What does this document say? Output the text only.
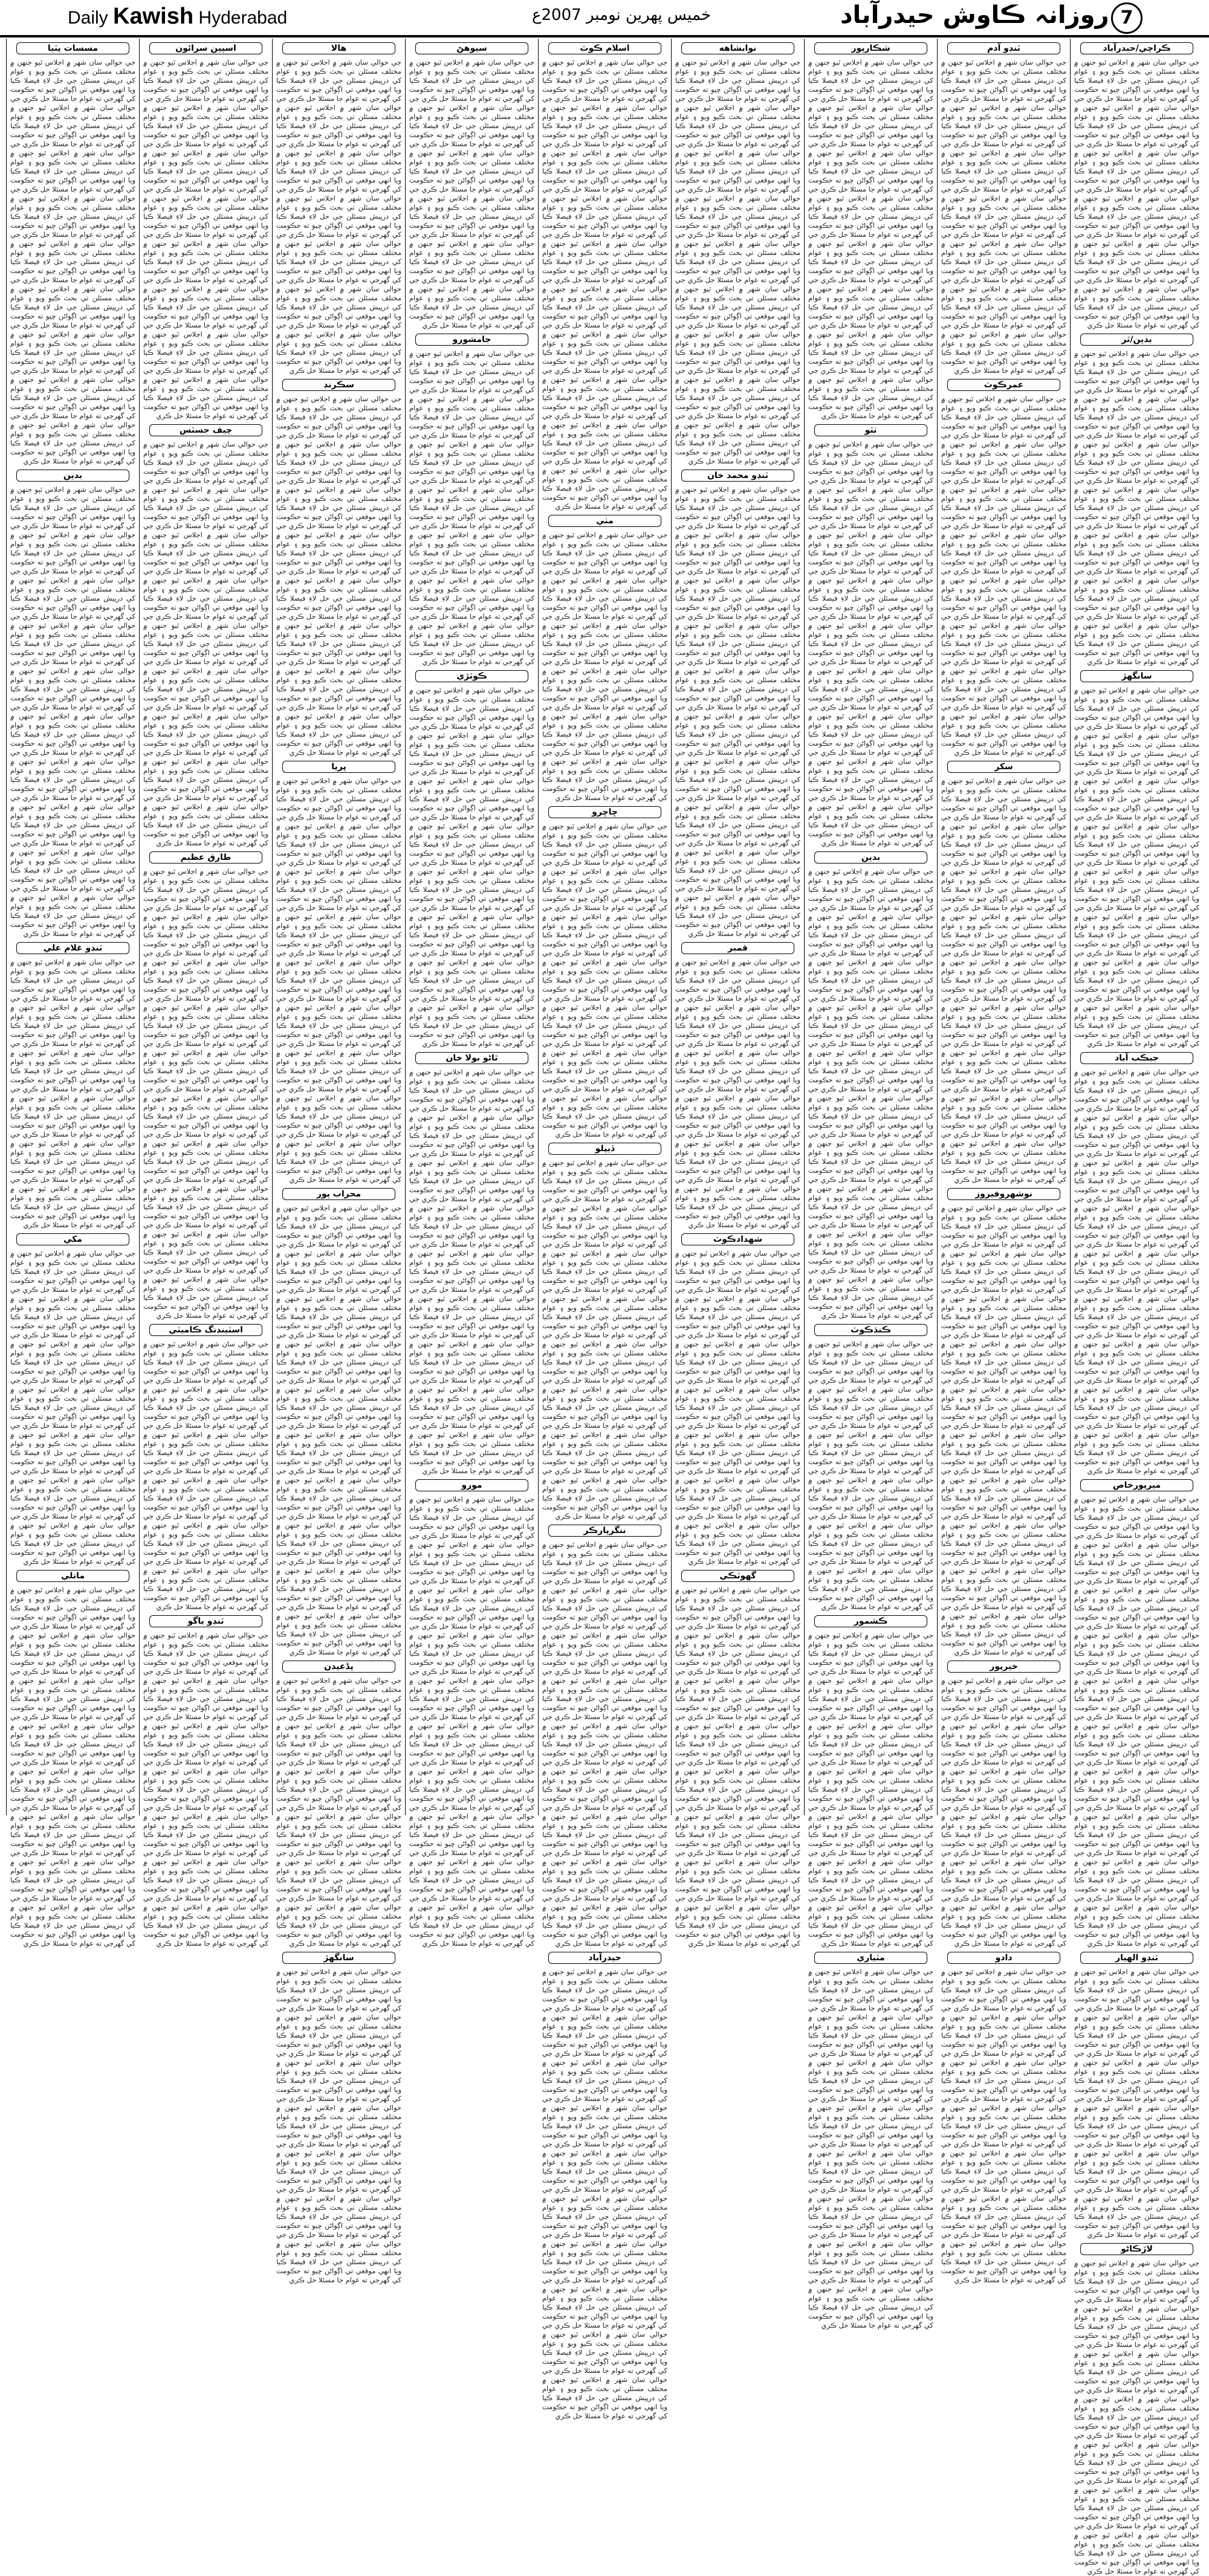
Daily Kawish Hyderabad	خميس پهرين نومبر 2007ع	روزانہ ڪاوش حيدرآباد 7
ڪراچي/حيدرآباد
جي حوالي سان شهر ۾ اجلاس ٿيو جنهن ۾ مختلف مسئلن تي بحث ڪيو ويو ۽ عوام کي درپيش مسئلن جي حل لاءِ فيصلا ڪيا ويا انهي موقعي تي اڳواڻن چيو ته حڪومت کي گهرجي ته عوام جا مسئلا حل ڪري جي حوالي سان شهر ۾ اجلاس ٿيو جنهن ۾ مختلف مسئلن تي بحث ڪيو ويو ۽ عوام کي درپيش مسئلن جي حل لاءِ فيصلا ڪيا ويا انهي موقعي تي اڳواڻن چيو ته حڪومت کي گهرجي ته عوام جا مسئلا حل ڪري جي حوالي سان شهر ۾ اجلاس ٿيو جنهن ۾ مختلف مسئلن تي بحث ڪيو ويو ۽ عوام کي درپيش مسئلن جي حل لاءِ فيصلا ڪيا ويا انهي موقعي تي اڳواڻن چيو ته حڪومت کي گهرجي ته عوام جا مسئلا حل ڪري جي حوالي سان شهر ۾ اجلاس ٿيو جنهن ۾ مختلف مسئلن تي بحث ڪيو ويو ۽ عوام کي درپيش مسئلن جي حل لاءِ فيصلا ڪيا ويا انهي موقعي تي اڳواڻن چيو ته حڪومت کي گهرجي ته عوام جا مسئلا حل ڪري جي حوالي سان شهر ۾ اجلاس ٿيو جنهن ۾ مختلف مسئلن تي بحث ڪيو ويو ۽ عوام کي درپيش مسئلن جي حل لاءِ فيصلا ڪيا ويا انهي موقعي تي اڳواڻن چيو ته حڪومت کي گهرجي ته عوام جا مسئلا حل ڪري جي حوالي سان شهر ۾ اجلاس ٿيو جنهن ۾ مختلف مسئلن تي بحث ڪيو ويو ۽ عوام کي درپيش مسئلن جي حل لاءِ فيصلا ڪيا ويا انهي موقعي تي اڳواڻن چيو ته حڪومت کي گهرجي ته عوام جا مسئلا حل ڪري
بدين/ٿر
جي حوالي سان شهر ۾ اجلاس ٿيو جنهن ۾ مختلف مسئلن تي بحث ڪيو ويو ۽ عوام کي درپيش مسئلن جي حل لاءِ فيصلا ڪيا ويا انهي موقعي تي اڳواڻن چيو ته حڪومت کي گهرجي ته عوام جا مسئلا حل ڪري جي حوالي سان شهر ۾ اجلاس ٿيو جنهن ۾ مختلف مسئلن تي بحث ڪيو ويو ۽ عوام کي درپيش مسئلن جي حل لاءِ فيصلا ڪيا ويا انهي موقعي تي اڳواڻن چيو ته حڪومت کي گهرجي ته عوام جا مسئلا حل ڪري جي حوالي سان شهر ۾ اجلاس ٿيو جنهن ۾ مختلف مسئلن تي بحث ڪيو ويو ۽ عوام کي درپيش مسئلن جي حل لاءِ فيصلا ڪيا ويا انهي موقعي تي اڳواڻن چيو ته حڪومت کي گهرجي ته عوام جا مسئلا حل ڪري جي حوالي سان شهر ۾ اجلاس ٿيو جنهن ۾ مختلف مسئلن تي بحث ڪيو ويو ۽ عوام کي درپيش مسئلن جي حل لاءِ فيصلا ڪيا ويا انهي موقعي تي اڳواڻن چيو ته حڪومت کي گهرجي ته عوام جا مسئلا حل ڪري جي حوالي سان شهر ۾ اجلاس ٿيو جنهن ۾ مختلف مسئلن تي بحث ڪيو ويو ۽ عوام کي درپيش مسئلن جي حل لاءِ فيصلا ڪيا ويا انهي موقعي تي اڳواڻن چيو ته حڪومت کي گهرجي ته عوام جا مسئلا حل ڪري جي حوالي سان شهر ۾ اجلاس ٿيو جنهن ۾ مختلف مسئلن تي بحث ڪيو ويو ۽ عوام کي درپيش مسئلن جي حل لاءِ فيصلا ڪيا ويا انهي موقعي تي اڳواڻن چيو ته حڪومت کي گهرجي ته عوام جا مسئلا حل ڪري جي حوالي سان شهر ۾ اجلاس ٿيو جنهن ۾ مختلف مسئلن تي بحث ڪيو ويو ۽ عوام کي درپيش مسئلن جي حل لاءِ فيصلا ڪيا ويا انهي موقعي تي اڳواڻن چيو ته حڪومت کي گهرجي ته عوام جا مسئلا حل ڪري
سانگهڙ
جي حوالي سان شهر ۾ اجلاس ٿيو جنهن ۾ مختلف مسئلن تي بحث ڪيو ويو ۽ عوام کي درپيش مسئلن جي حل لاءِ فيصلا ڪيا ويا انهي موقعي تي اڳواڻن چيو ته حڪومت کي گهرجي ته عوام جا مسئلا حل ڪري جي حوالي سان شهر ۾ اجلاس ٿيو جنهن ۾ مختلف مسئلن تي بحث ڪيو ويو ۽ عوام کي درپيش مسئلن جي حل لاءِ فيصلا ڪيا ويا انهي موقعي تي اڳواڻن چيو ته حڪومت کي گهرجي ته عوام جا مسئلا حل ڪري جي حوالي سان شهر ۾ اجلاس ٿيو جنهن ۾ مختلف مسئلن تي بحث ڪيو ويو ۽ عوام کي درپيش مسئلن جي حل لاءِ فيصلا ڪيا ويا انهي موقعي تي اڳواڻن چيو ته حڪومت کي گهرجي ته عوام جا مسئلا حل ڪري جي حوالي سان شهر ۾ اجلاس ٿيو جنهن ۾ مختلف مسئلن تي بحث ڪيو ويو ۽ عوام کي درپيش مسئلن جي حل لاءِ فيصلا ڪيا ويا انهي موقعي تي اڳواڻن چيو ته حڪومت کي گهرجي ته عوام جا مسئلا حل ڪري جي حوالي سان شهر ۾ اجلاس ٿيو جنهن ۾ مختلف مسئلن تي بحث ڪيو ويو ۽ عوام کي درپيش مسئلن جي حل لاءِ فيصلا ڪيا ويا انهي موقعي تي اڳواڻن چيو ته حڪومت کي گهرجي ته عوام جا مسئلا حل ڪري جي حوالي سان شهر ۾ اجلاس ٿيو جنهن ۾ مختلف مسئلن تي بحث ڪيو ويو ۽ عوام کي درپيش مسئلن جي حل لاءِ فيصلا ڪيا ويا انهي موقعي تي اڳواڻن چيو ته حڪومت کي گهرجي ته عوام جا مسئلا حل ڪري جي حوالي سان شهر ۾ اجلاس ٿيو جنهن ۾ مختلف مسئلن تي بحث ڪيو ويو ۽ عوام کي درپيش مسئلن جي حل لاءِ فيصلا ڪيا ويا انهي موقعي تي اڳواڻن چيو ته حڪومت کي گهرجي ته عوام جا مسئلا حل ڪري جي حوالي سان شهر ۾ اجلاس ٿيو جنهن ۾ مختلف مسئلن تي بحث ڪيو ويو ۽ عوام کي درپيش مسئلن جي حل لاءِ فيصلا ڪيا ويا انهي موقعي تي اڳواڻن چيو ته حڪومت کي گهرجي ته عوام جا مسئلا حل ڪري
جيڪب آباد
جي حوالي سان شهر ۾ اجلاس ٿيو جنهن ۾ مختلف مسئلن تي بحث ڪيو ويو ۽ عوام کي درپيش مسئلن جي حل لاءِ فيصلا ڪيا ويا انهي موقعي تي اڳواڻن چيو ته حڪومت کي گهرجي ته عوام جا مسئلا حل ڪري جي حوالي سان شهر ۾ اجلاس ٿيو جنهن ۾ مختلف مسئلن تي بحث ڪيو ويو ۽ عوام کي درپيش مسئلن جي حل لاءِ فيصلا ڪيا ويا انهي موقعي تي اڳواڻن چيو ته حڪومت کي گهرجي ته عوام جا مسئلا حل ڪري جي حوالي سان شهر ۾ اجلاس ٿيو جنهن ۾ مختلف مسئلن تي بحث ڪيو ويو ۽ عوام کي درپيش مسئلن جي حل لاءِ فيصلا ڪيا ويا انهي موقعي تي اڳواڻن چيو ته حڪومت کي گهرجي ته عوام جا مسئلا حل ڪري جي حوالي سان شهر ۾ اجلاس ٿيو جنهن ۾ مختلف مسئلن تي بحث ڪيو ويو ۽ عوام کي درپيش مسئلن جي حل لاءِ فيصلا ڪيا ويا انهي موقعي تي اڳواڻن چيو ته حڪومت کي گهرجي ته عوام جا مسئلا حل ڪري جي حوالي سان شهر ۾ اجلاس ٿيو جنهن ۾ مختلف مسئلن تي بحث ڪيو ويو ۽ عوام کي درپيش مسئلن جي حل لاءِ فيصلا ڪيا ويا انهي موقعي تي اڳواڻن چيو ته حڪومت کي گهرجي ته عوام جا مسئلا حل ڪري جي حوالي سان شهر ۾ اجلاس ٿيو جنهن ۾ مختلف مسئلن تي بحث ڪيو ويو ۽ عوام کي درپيش مسئلن جي حل لاءِ فيصلا ڪيا ويا انهي موقعي تي اڳواڻن چيو ته حڪومت کي گهرجي ته عوام جا مسئلا حل ڪري جي حوالي سان شهر ۾ اجلاس ٿيو جنهن ۾ مختلف مسئلن تي بحث ڪيو ويو ۽ عوام کي درپيش مسئلن جي حل لاءِ فيصلا ڪيا ويا انهي موقعي تي اڳواڻن چيو ته حڪومت کي گهرجي ته عوام جا مسئلا حل ڪري جي حوالي سان شهر ۾ اجلاس ٿيو جنهن ۾ مختلف مسئلن تي بحث ڪيو ويو ۽ عوام کي درپيش مسئلن جي حل لاءِ فيصلا ڪيا ويا انهي موقعي تي اڳواڻن چيو ته حڪومت کي گهرجي ته عوام جا مسئلا حل ڪري جي حوالي سان شهر ۾ اجلاس ٿيو جنهن ۾ مختلف مسئلن تي بحث ڪيو ويو ۽ عوام کي درپيش مسئلن جي حل لاءِ فيصلا ڪيا ويا انهي موقعي تي اڳواڻن چيو ته حڪومت کي گهرجي ته عوام جا مسئلا حل ڪري
ميرپورخاص
جي حوالي سان شهر ۾ اجلاس ٿيو جنهن ۾ مختلف مسئلن تي بحث ڪيو ويو ۽ عوام کي درپيش مسئلن جي حل لاءِ فيصلا ڪيا ويا انهي موقعي تي اڳواڻن چيو ته حڪومت کي گهرجي ته عوام جا مسئلا حل ڪري جي حوالي سان شهر ۾ اجلاس ٿيو جنهن ۾ مختلف مسئلن تي بحث ڪيو ويو ۽ عوام کي درپيش مسئلن جي حل لاءِ فيصلا ڪيا ويا انهي موقعي تي اڳواڻن چيو ته حڪومت کي گهرجي ته عوام جا مسئلا حل ڪري جي حوالي سان شهر ۾ اجلاس ٿيو جنهن ۾ مختلف مسئلن تي بحث ڪيو ويو ۽ عوام کي درپيش مسئلن جي حل لاءِ فيصلا ڪيا ويا انهي موقعي تي اڳواڻن چيو ته حڪومت کي گهرجي ته عوام جا مسئلا حل ڪري جي حوالي سان شهر ۾ اجلاس ٿيو جنهن ۾ مختلف مسئلن تي بحث ڪيو ويو ۽ عوام کي درپيش مسئلن جي حل لاءِ فيصلا ڪيا ويا انهي موقعي تي اڳواڻن چيو ته حڪومت کي گهرجي ته عوام جا مسئلا حل ڪري جي حوالي سان شهر ۾ اجلاس ٿيو جنهن ۾ مختلف مسئلن تي بحث ڪيو ويو ۽ عوام کي درپيش مسئلن جي حل لاءِ فيصلا ڪيا ويا انهي موقعي تي اڳواڻن چيو ته حڪومت کي گهرجي ته عوام جا مسئلا حل ڪري جي حوالي سان شهر ۾ اجلاس ٿيو جنهن ۾ مختلف مسئلن تي بحث ڪيو ويو ۽ عوام کي درپيش مسئلن جي حل لاءِ فيصلا ڪيا ويا انهي موقعي تي اڳواڻن چيو ته حڪومت کي گهرجي ته عوام جا مسئلا حل ڪري جي حوالي سان شهر ۾ اجلاس ٿيو جنهن ۾ مختلف مسئلن تي بحث ڪيو ويو ۽ عوام کي درپيش مسئلن جي حل لاءِ فيصلا ڪيا ويا انهي موقعي تي اڳواڻن چيو ته حڪومت کي گهرجي ته عوام جا مسئلا حل ڪري جي حوالي سان شهر ۾ اجلاس ٿيو جنهن ۾ مختلف مسئلن تي بحث ڪيو ويو ۽ عوام کي درپيش مسئلن جي حل لاءِ فيصلا ڪيا ويا انهي موقعي تي اڳواڻن چيو ته حڪومت کي گهرجي ته عوام جا مسئلا حل ڪري جي حوالي سان شهر ۾ اجلاس ٿيو جنهن ۾ مختلف مسئلن تي بحث ڪيو ويو ۽ عوام کي درپيش مسئلن جي حل لاءِ فيصلا ڪيا ويا انهي موقعي تي اڳواڻن چيو ته حڪومت کي گهرجي ته عوام جا مسئلا حل ڪري جي حوالي سان شهر ۾ اجلاس ٿيو جنهن ۾ مختلف مسئلن تي بحث ڪيو ويو ۽ عوام کي درپيش مسئلن جي حل لاءِ فيصلا ڪيا ويا انهي موقعي تي اڳواڻن چيو ته حڪومت کي گهرجي ته عوام جا مسئلا حل ڪري
ٽنڊو الهيار
جي حوالي سان شهر ۾ اجلاس ٿيو جنهن ۾ مختلف مسئلن تي بحث ڪيو ويو ۽ عوام کي درپيش مسئلن جي حل لاءِ فيصلا ڪيا ويا انهي موقعي تي اڳواڻن چيو ته حڪومت کي گهرجي ته عوام جا مسئلا حل ڪري جي حوالي سان شهر ۾ اجلاس ٿيو جنهن ۾ مختلف مسئلن تي بحث ڪيو ويو ۽ عوام کي درپيش مسئلن جي حل لاءِ فيصلا ڪيا ويا انهي موقعي تي اڳواڻن چيو ته حڪومت کي گهرجي ته عوام جا مسئلا حل ڪري جي حوالي سان شهر ۾ اجلاس ٿيو جنهن ۾ مختلف مسئلن تي بحث ڪيو ويو ۽ عوام کي درپيش مسئلن جي حل لاءِ فيصلا ڪيا ويا انهي موقعي تي اڳواڻن چيو ته حڪومت کي گهرجي ته عوام جا مسئلا حل ڪري جي حوالي سان شهر ۾ اجلاس ٿيو جنهن ۾ مختلف مسئلن تي بحث ڪيو ويو ۽ عوام کي درپيش مسئلن جي حل لاءِ فيصلا ڪيا ويا انهي موقعي تي اڳواڻن چيو ته حڪومت کي گهرجي ته عوام جا مسئلا حل ڪري جي حوالي سان شهر ۾ اجلاس ٿيو جنهن ۾ مختلف مسئلن تي بحث ڪيو ويو ۽ عوام کي درپيش مسئلن جي حل لاءِ فيصلا ڪيا ويا انهي موقعي تي اڳواڻن چيو ته حڪومت کي گهرجي ته عوام جا مسئلا حل ڪري جي حوالي سان شهر ۾ اجلاس ٿيو جنهن ۾ مختلف مسئلن تي بحث ڪيو ويو ۽ عوام کي درپيش مسئلن جي حل لاءِ فيصلا ڪيا ويا انهي موقعي تي اڳواڻن چيو ته حڪومت کي گهرجي ته عوام جا مسئلا حل ڪري
لاڙڪاڻو
جي حوالي سان شهر ۾ اجلاس ٿيو جنهن ۾ مختلف مسئلن تي بحث ڪيو ويو ۽ عوام کي درپيش مسئلن جي حل لاءِ فيصلا ڪيا ويا انهي موقعي تي اڳواڻن چيو ته حڪومت کي گهرجي ته عوام جا مسئلا حل ڪري جي حوالي سان شهر ۾ اجلاس ٿيو جنهن ۾ مختلف مسئلن تي بحث ڪيو ويو ۽ عوام کي درپيش مسئلن جي حل لاءِ فيصلا ڪيا ويا انهي موقعي تي اڳواڻن چيو ته حڪومت کي گهرجي ته عوام جا مسئلا حل ڪري جي حوالي سان شهر ۾ اجلاس ٿيو جنهن ۾ مختلف مسئلن تي بحث ڪيو ويو ۽ عوام کي درپيش مسئلن جي حل لاءِ فيصلا ڪيا ويا انهي موقعي تي اڳواڻن چيو ته حڪومت کي گهرجي ته عوام جا مسئلا حل ڪري جي حوالي سان شهر ۾ اجلاس ٿيو جنهن ۾ مختلف مسئلن تي بحث ڪيو ويو ۽ عوام کي درپيش مسئلن جي حل لاءِ فيصلا ڪيا ويا انهي موقعي تي اڳواڻن چيو ته حڪومت کي گهرجي ته عوام جا مسئلا حل ڪري جي حوالي سان شهر ۾ اجلاس ٿيو جنهن ۾ مختلف مسئلن تي بحث ڪيو ويو ۽ عوام کي درپيش مسئلن جي حل لاءِ فيصلا ڪيا ويا انهي موقعي تي اڳواڻن چيو ته حڪومت کي گهرجي ته عوام جا مسئلا حل ڪري جي حوالي سان شهر ۾ اجلاس ٿيو جنهن ۾ مختلف مسئلن تي بحث ڪيو ويو ۽ عوام کي درپيش مسئلن جي حل لاءِ فيصلا ڪيا ويا انهي موقعي تي اڳواڻن چيو ته حڪومت کي گهرجي ته عوام جا مسئلا حل ڪري جي حوالي سان شهر ۾ اجلاس ٿيو جنهن ۾ مختلف مسئلن تي بحث ڪيو ويو ۽ عوام کي درپيش مسئلن جي حل لاءِ فيصلا ڪيا ويا انهي موقعي تي اڳواڻن چيو ته حڪومت کي گهرجي ته عوام جا مسئلا حل ڪري
ٽنڊو آدم
جي حوالي سان شهر ۾ اجلاس ٿيو جنهن ۾ مختلف مسئلن تي بحث ڪيو ويو ۽ عوام کي درپيش مسئلن جي حل لاءِ فيصلا ڪيا ويا انهي موقعي تي اڳواڻن چيو ته حڪومت کي گهرجي ته عوام جا مسئلا حل ڪري جي حوالي سان شهر ۾ اجلاس ٿيو جنهن ۾ مختلف مسئلن تي بحث ڪيو ويو ۽ عوام کي درپيش مسئلن جي حل لاءِ فيصلا ڪيا ويا انهي موقعي تي اڳواڻن چيو ته حڪومت کي گهرجي ته عوام جا مسئلا حل ڪري جي حوالي سان شهر ۾ اجلاس ٿيو جنهن ۾ مختلف مسئلن تي بحث ڪيو ويو ۽ عوام کي درپيش مسئلن جي حل لاءِ فيصلا ڪيا ويا انهي موقعي تي اڳواڻن چيو ته حڪومت کي گهرجي ته عوام جا مسئلا حل ڪري جي حوالي سان شهر ۾ اجلاس ٿيو جنهن ۾ مختلف مسئلن تي بحث ڪيو ويو ۽ عوام کي درپيش مسئلن جي حل لاءِ فيصلا ڪيا ويا انهي موقعي تي اڳواڻن چيو ته حڪومت کي گهرجي ته عوام جا مسئلا حل ڪري جي حوالي سان شهر ۾ اجلاس ٿيو جنهن ۾ مختلف مسئلن تي بحث ڪيو ويو ۽ عوام کي درپيش مسئلن جي حل لاءِ فيصلا ڪيا ويا انهي موقعي تي اڳواڻن چيو ته حڪومت کي گهرجي ته عوام جا مسئلا حل ڪري جي حوالي سان شهر ۾ اجلاس ٿيو جنهن ۾ مختلف مسئلن تي بحث ڪيو ويو ۽ عوام کي درپيش مسئلن جي حل لاءِ فيصلا ڪيا ويا انهي موقعي تي اڳواڻن چيو ته حڪومت کي گهرجي ته عوام جا مسئلا حل ڪري جي حوالي سان شهر ۾ اجلاس ٿيو جنهن ۾ مختلف مسئلن تي بحث ڪيو ويو ۽ عوام کي درپيش مسئلن جي حل لاءِ فيصلا ڪيا ويا انهي موقعي تي اڳواڻن چيو ته حڪومت کي گهرجي ته عوام جا مسئلا حل ڪري
عمرڪوٽ
جي حوالي سان شهر ۾ اجلاس ٿيو جنهن ۾ مختلف مسئلن تي بحث ڪيو ويو ۽ عوام کي درپيش مسئلن جي حل لاءِ فيصلا ڪيا ويا انهي موقعي تي اڳواڻن چيو ته حڪومت کي گهرجي ته عوام جا مسئلا حل ڪري جي حوالي سان شهر ۾ اجلاس ٿيو جنهن ۾ مختلف مسئلن تي بحث ڪيو ويو ۽ عوام کي درپيش مسئلن جي حل لاءِ فيصلا ڪيا ويا انهي موقعي تي اڳواڻن چيو ته حڪومت کي گهرجي ته عوام جا مسئلا حل ڪري جي حوالي سان شهر ۾ اجلاس ٿيو جنهن ۾ مختلف مسئلن تي بحث ڪيو ويو ۽ عوام کي درپيش مسئلن جي حل لاءِ فيصلا ڪيا ويا انهي موقعي تي اڳواڻن چيو ته حڪومت کي گهرجي ته عوام جا مسئلا حل ڪري جي حوالي سان شهر ۾ اجلاس ٿيو جنهن ۾ مختلف مسئلن تي بحث ڪيو ويو ۽ عوام کي درپيش مسئلن جي حل لاءِ فيصلا ڪيا ويا انهي موقعي تي اڳواڻن چيو ته حڪومت کي گهرجي ته عوام جا مسئلا حل ڪري جي حوالي سان شهر ۾ اجلاس ٿيو جنهن ۾ مختلف مسئلن تي بحث ڪيو ويو ۽ عوام کي درپيش مسئلن جي حل لاءِ فيصلا ڪيا ويا انهي موقعي تي اڳواڻن چيو ته حڪومت کي گهرجي ته عوام جا مسئلا حل ڪري جي حوالي سان شهر ۾ اجلاس ٿيو جنهن ۾ مختلف مسئلن تي بحث ڪيو ويو ۽ عوام کي درپيش مسئلن جي حل لاءِ فيصلا ڪيا ويا انهي موقعي تي اڳواڻن چيو ته حڪومت کي گهرجي ته عوام جا مسئلا حل ڪري جي حوالي سان شهر ۾ اجلاس ٿيو جنهن ۾ مختلف مسئلن تي بحث ڪيو ويو ۽ عوام کي درپيش مسئلن جي حل لاءِ فيصلا ڪيا ويا انهي موقعي تي اڳواڻن چيو ته حڪومت کي گهرجي ته عوام جا مسئلا حل ڪري جي حوالي سان شهر ۾ اجلاس ٿيو جنهن ۾ مختلف مسئلن تي بحث ڪيو ويو ۽ عوام کي درپيش مسئلن جي حل لاءِ فيصلا ڪيا ويا انهي موقعي تي اڳواڻن چيو ته حڪومت کي گهرجي ته عوام جا مسئلا حل ڪري
سکر
جي حوالي سان شهر ۾ اجلاس ٿيو جنهن ۾ مختلف مسئلن تي بحث ڪيو ويو ۽ عوام کي درپيش مسئلن جي حل لاءِ فيصلا ڪيا ويا انهي موقعي تي اڳواڻن چيو ته حڪومت کي گهرجي ته عوام جا مسئلا حل ڪري جي حوالي سان شهر ۾ اجلاس ٿيو جنهن ۾ مختلف مسئلن تي بحث ڪيو ويو ۽ عوام کي درپيش مسئلن جي حل لاءِ فيصلا ڪيا ويا انهي موقعي تي اڳواڻن چيو ته حڪومت کي گهرجي ته عوام جا مسئلا حل ڪري جي حوالي سان شهر ۾ اجلاس ٿيو جنهن ۾ مختلف مسئلن تي بحث ڪيو ويو ۽ عوام کي درپيش مسئلن جي حل لاءِ فيصلا ڪيا ويا انهي موقعي تي اڳواڻن چيو ته حڪومت کي گهرجي ته عوام جا مسئلا حل ڪري جي حوالي سان شهر ۾ اجلاس ٿيو جنهن ۾ مختلف مسئلن تي بحث ڪيو ويو ۽ عوام کي درپيش مسئلن جي حل لاءِ فيصلا ڪيا ويا انهي موقعي تي اڳواڻن چيو ته حڪومت کي گهرجي ته عوام جا مسئلا حل ڪري جي حوالي سان شهر ۾ اجلاس ٿيو جنهن ۾ مختلف مسئلن تي بحث ڪيو ويو ۽ عوام کي درپيش مسئلن جي حل لاءِ فيصلا ڪيا ويا انهي موقعي تي اڳواڻن چيو ته حڪومت کي گهرجي ته عوام جا مسئلا حل ڪري جي حوالي سان شهر ۾ اجلاس ٿيو جنهن ۾ مختلف مسئلن تي بحث ڪيو ويو ۽ عوام کي درپيش مسئلن جي حل لاءِ فيصلا ڪيا ويا انهي موقعي تي اڳواڻن چيو ته حڪومت کي گهرجي ته عوام جا مسئلا حل ڪري جي حوالي سان شهر ۾ اجلاس ٿيو جنهن ۾ مختلف مسئلن تي بحث ڪيو ويو ۽ عوام کي درپيش مسئلن جي حل لاءِ فيصلا ڪيا ويا انهي موقعي تي اڳواڻن چيو ته حڪومت کي گهرجي ته عوام جا مسئلا حل ڪري جي حوالي سان شهر ۾ اجلاس ٿيو جنهن ۾ مختلف مسئلن تي بحث ڪيو ويو ۽ عوام کي درپيش مسئلن جي حل لاءِ فيصلا ڪيا ويا انهي موقعي تي اڳواڻن چيو ته حڪومت کي گهرجي ته عوام جا مسئلا حل ڪري جي حوالي سان شهر ۾ اجلاس ٿيو جنهن ۾ مختلف مسئلن تي بحث ڪيو ويو ۽ عوام کي درپيش مسئلن جي حل لاءِ فيصلا ڪيا ويا انهي موقعي تي اڳواڻن چيو ته حڪومت کي گهرجي ته عوام جا مسئلا حل ڪري
نوشهروفيروز
جي حوالي سان شهر ۾ اجلاس ٿيو جنهن ۾ مختلف مسئلن تي بحث ڪيو ويو ۽ عوام کي درپيش مسئلن جي حل لاءِ فيصلا ڪيا ويا انهي موقعي تي اڳواڻن چيو ته حڪومت کي گهرجي ته عوام جا مسئلا حل ڪري جي حوالي سان شهر ۾ اجلاس ٿيو جنهن ۾ مختلف مسئلن تي بحث ڪيو ويو ۽ عوام کي درپيش مسئلن جي حل لاءِ فيصلا ڪيا ويا انهي موقعي تي اڳواڻن چيو ته حڪومت کي گهرجي ته عوام جا مسئلا حل ڪري جي حوالي سان شهر ۾ اجلاس ٿيو جنهن ۾ مختلف مسئلن تي بحث ڪيو ويو ۽ عوام کي درپيش مسئلن جي حل لاءِ فيصلا ڪيا ويا انهي موقعي تي اڳواڻن چيو ته حڪومت کي گهرجي ته عوام جا مسئلا حل ڪري جي حوالي سان شهر ۾ اجلاس ٿيو جنهن ۾ مختلف مسئلن تي بحث ڪيو ويو ۽ عوام کي درپيش مسئلن جي حل لاءِ فيصلا ڪيا ويا انهي موقعي تي اڳواڻن چيو ته حڪومت کي گهرجي ته عوام جا مسئلا حل ڪري جي حوالي سان شهر ۾ اجلاس ٿيو جنهن ۾ مختلف مسئلن تي بحث ڪيو ويو ۽ عوام کي درپيش مسئلن جي حل لاءِ فيصلا ڪيا ويا انهي موقعي تي اڳواڻن چيو ته حڪومت کي گهرجي ته عوام جا مسئلا حل ڪري جي حوالي سان شهر ۾ اجلاس ٿيو جنهن ۾ مختلف مسئلن تي بحث ڪيو ويو ۽ عوام کي درپيش مسئلن جي حل لاءِ فيصلا ڪيا ويا انهي موقعي تي اڳواڻن چيو ته حڪومت کي گهرجي ته عوام جا مسئلا حل ڪري جي حوالي سان شهر ۾ اجلاس ٿيو جنهن ۾ مختلف مسئلن تي بحث ڪيو ويو ۽ عوام کي درپيش مسئلن جي حل لاءِ فيصلا ڪيا ويا انهي موقعي تي اڳواڻن چيو ته حڪومت کي گهرجي ته عوام جا مسئلا حل ڪري جي حوالي سان شهر ۾ اجلاس ٿيو جنهن ۾ مختلف مسئلن تي بحث ڪيو ويو ۽ عوام کي درپيش مسئلن جي حل لاءِ فيصلا ڪيا ويا انهي موقعي تي اڳواڻن چيو ته حڪومت کي گهرجي ته عوام جا مسئلا حل ڪري جي حوالي سان شهر ۾ اجلاس ٿيو جنهن ۾ مختلف مسئلن تي بحث ڪيو ويو ۽ عوام کي درپيش مسئلن جي حل لاءِ فيصلا ڪيا ويا انهي موقعي تي اڳواڻن چيو ته حڪومت کي گهرجي ته عوام جا مسئلا حل ڪري جي حوالي سان شهر ۾ اجلاس ٿيو جنهن ۾ مختلف مسئلن تي بحث ڪيو ويو ۽ عوام کي درپيش مسئلن جي حل لاءِ فيصلا ڪيا ويا انهي موقعي تي اڳواڻن چيو ته حڪومت کي گهرجي ته عوام جا مسئلا حل ڪري
خيرپور
جي حوالي سان شهر ۾ اجلاس ٿيو جنهن ۾ مختلف مسئلن تي بحث ڪيو ويو ۽ عوام کي درپيش مسئلن جي حل لاءِ فيصلا ڪيا ويا انهي موقعي تي اڳواڻن چيو ته حڪومت کي گهرجي ته عوام جا مسئلا حل ڪري جي حوالي سان شهر ۾ اجلاس ٿيو جنهن ۾ مختلف مسئلن تي بحث ڪيو ويو ۽ عوام کي درپيش مسئلن جي حل لاءِ فيصلا ڪيا ويا انهي موقعي تي اڳواڻن چيو ته حڪومت کي گهرجي ته عوام جا مسئلا حل ڪري جي حوالي سان شهر ۾ اجلاس ٿيو جنهن ۾ مختلف مسئلن تي بحث ڪيو ويو ۽ عوام کي درپيش مسئلن جي حل لاءِ فيصلا ڪيا ويا انهي موقعي تي اڳواڻن چيو ته حڪومت کي گهرجي ته عوام جا مسئلا حل ڪري جي حوالي سان شهر ۾ اجلاس ٿيو جنهن ۾ مختلف مسئلن تي بحث ڪيو ويو ۽ عوام کي درپيش مسئلن جي حل لاءِ فيصلا ڪيا ويا انهي موقعي تي اڳواڻن چيو ته حڪومت کي گهرجي ته عوام جا مسئلا حل ڪري جي حوالي سان شهر ۾ اجلاس ٿيو جنهن ۾ مختلف مسئلن تي بحث ڪيو ويو ۽ عوام کي درپيش مسئلن جي حل لاءِ فيصلا ڪيا ويا انهي موقعي تي اڳواڻن چيو ته حڪومت کي گهرجي ته عوام جا مسئلا حل ڪري جي حوالي سان شهر ۾ اجلاس ٿيو جنهن ۾ مختلف مسئلن تي بحث ڪيو ويو ۽ عوام کي درپيش مسئلن جي حل لاءِ فيصلا ڪيا ويا انهي موقعي تي اڳواڻن چيو ته حڪومت کي گهرجي ته عوام جا مسئلا حل ڪري
دادو
جي حوالي سان شهر ۾ اجلاس ٿيو جنهن ۾ مختلف مسئلن تي بحث ڪيو ويو ۽ عوام کي درپيش مسئلن جي حل لاءِ فيصلا ڪيا ويا انهي موقعي تي اڳواڻن چيو ته حڪومت کي گهرجي ته عوام جا مسئلا حل ڪري جي حوالي سان شهر ۾ اجلاس ٿيو جنهن ۾ مختلف مسئلن تي بحث ڪيو ويو ۽ عوام کي درپيش مسئلن جي حل لاءِ فيصلا ڪيا ويا انهي موقعي تي اڳواڻن چيو ته حڪومت کي گهرجي ته عوام جا مسئلا حل ڪري جي حوالي سان شهر ۾ اجلاس ٿيو جنهن ۾ مختلف مسئلن تي بحث ڪيو ويو ۽ عوام کي درپيش مسئلن جي حل لاءِ فيصلا ڪيا ويا انهي موقعي تي اڳواڻن چيو ته حڪومت کي گهرجي ته عوام جا مسئلا حل ڪري جي حوالي سان شهر ۾ اجلاس ٿيو جنهن ۾ مختلف مسئلن تي بحث ڪيو ويو ۽ عوام کي درپيش مسئلن جي حل لاءِ فيصلا ڪيا ويا انهي موقعي تي اڳواڻن چيو ته حڪومت کي گهرجي ته عوام جا مسئلا حل ڪري جي حوالي سان شهر ۾ اجلاس ٿيو جنهن ۾ مختلف مسئلن تي بحث ڪيو ويو ۽ عوام کي درپيش مسئلن جي حل لاءِ فيصلا ڪيا ويا انهي موقعي تي اڳواڻن چيو ته حڪومت کي گهرجي ته عوام جا مسئلا حل ڪري جي حوالي سان شهر ۾ اجلاس ٿيو جنهن ۾ مختلف مسئلن تي بحث ڪيو ويو ۽ عوام کي درپيش مسئلن جي حل لاءِ فيصلا ڪيا ويا انهي موقعي تي اڳواڻن چيو ته حڪومت کي گهرجي ته عوام جا مسئلا حل ڪري جي حوالي سان شهر ۾ اجلاس ٿيو جنهن ۾ مختلف مسئلن تي بحث ڪيو ويو ۽ عوام کي درپيش مسئلن جي حل لاءِ فيصلا ڪيا ويا انهي موقعي تي اڳواڻن چيو ته حڪومت کي گهرجي ته عوام جا مسئلا حل ڪري
شڪارپور
جي حوالي سان شهر ۾ اجلاس ٿيو جنهن ۾ مختلف مسئلن تي بحث ڪيو ويو ۽ عوام کي درپيش مسئلن جي حل لاءِ فيصلا ڪيا ويا انهي موقعي تي اڳواڻن چيو ته حڪومت کي گهرجي ته عوام جا مسئلا حل ڪري جي حوالي سان شهر ۾ اجلاس ٿيو جنهن ۾ مختلف مسئلن تي بحث ڪيو ويو ۽ عوام کي درپيش مسئلن جي حل لاءِ فيصلا ڪيا ويا انهي موقعي تي اڳواڻن چيو ته حڪومت کي گهرجي ته عوام جا مسئلا حل ڪري جي حوالي سان شهر ۾ اجلاس ٿيو جنهن ۾ مختلف مسئلن تي بحث ڪيو ويو ۽ عوام کي درپيش مسئلن جي حل لاءِ فيصلا ڪيا ويا انهي موقعي تي اڳواڻن چيو ته حڪومت کي گهرجي ته عوام جا مسئلا حل ڪري جي حوالي سان شهر ۾ اجلاس ٿيو جنهن ۾ مختلف مسئلن تي بحث ڪيو ويو ۽ عوام کي درپيش مسئلن جي حل لاءِ فيصلا ڪيا ويا انهي موقعي تي اڳواڻن چيو ته حڪومت کي گهرجي ته عوام جا مسئلا حل ڪري جي حوالي سان شهر ۾ اجلاس ٿيو جنهن ۾ مختلف مسئلن تي بحث ڪيو ويو ۽ عوام کي درپيش مسئلن جي حل لاءِ فيصلا ڪيا ويا انهي موقعي تي اڳواڻن چيو ته حڪومت کي گهرجي ته عوام جا مسئلا حل ڪري جي حوالي سان شهر ۾ اجلاس ٿيو جنهن ۾ مختلف مسئلن تي بحث ڪيو ويو ۽ عوام کي درپيش مسئلن جي حل لاءِ فيصلا ڪيا ويا انهي موقعي تي اڳواڻن چيو ته حڪومت کي گهرجي ته عوام جا مسئلا حل ڪري جي حوالي سان شهر ۾ اجلاس ٿيو جنهن ۾ مختلف مسئلن تي بحث ڪيو ويو ۽ عوام کي درپيش مسئلن جي حل لاءِ فيصلا ڪيا ويا انهي موقعي تي اڳواڻن چيو ته حڪومت کي گهرجي ته عوام جا مسئلا حل ڪري جي حوالي سان شهر ۾ اجلاس ٿيو جنهن ۾ مختلف مسئلن تي بحث ڪيو ويو ۽ عوام کي درپيش مسئلن جي حل لاءِ فيصلا ڪيا ويا انهي موقعي تي اڳواڻن چيو ته حڪومت کي گهرجي ته عوام جا مسئلا حل ڪري
ٺٽو
جي حوالي سان شهر ۾ اجلاس ٿيو جنهن ۾ مختلف مسئلن تي بحث ڪيو ويو ۽ عوام کي درپيش مسئلن جي حل لاءِ فيصلا ڪيا ويا انهي موقعي تي اڳواڻن چيو ته حڪومت کي گهرجي ته عوام جا مسئلا حل ڪري جي حوالي سان شهر ۾ اجلاس ٿيو جنهن ۾ مختلف مسئلن تي بحث ڪيو ويو ۽ عوام کي درپيش مسئلن جي حل لاءِ فيصلا ڪيا ويا انهي موقعي تي اڳواڻن چيو ته حڪومت کي گهرجي ته عوام جا مسئلا حل ڪري جي حوالي سان شهر ۾ اجلاس ٿيو جنهن ۾ مختلف مسئلن تي بحث ڪيو ويو ۽ عوام کي درپيش مسئلن جي حل لاءِ فيصلا ڪيا ويا انهي موقعي تي اڳواڻن چيو ته حڪومت کي گهرجي ته عوام جا مسئلا حل ڪري جي حوالي سان شهر ۾ اجلاس ٿيو جنهن ۾ مختلف مسئلن تي بحث ڪيو ويو ۽ عوام کي درپيش مسئلن جي حل لاءِ فيصلا ڪيا ويا انهي موقعي تي اڳواڻن چيو ته حڪومت کي گهرجي ته عوام جا مسئلا حل ڪري جي حوالي سان شهر ۾ اجلاس ٿيو جنهن ۾ مختلف مسئلن تي بحث ڪيو ويو ۽ عوام کي درپيش مسئلن جي حل لاءِ فيصلا ڪيا ويا انهي موقعي تي اڳواڻن چيو ته حڪومت کي گهرجي ته عوام جا مسئلا حل ڪري جي حوالي سان شهر ۾ اجلاس ٿيو جنهن ۾ مختلف مسئلن تي بحث ڪيو ويو ۽ عوام کي درپيش مسئلن جي حل لاءِ فيصلا ڪيا ويا انهي موقعي تي اڳواڻن چيو ته حڪومت کي گهرجي ته عوام جا مسئلا حل ڪري جي حوالي سان شهر ۾ اجلاس ٿيو جنهن ۾ مختلف مسئلن تي بحث ڪيو ويو ۽ عوام کي درپيش مسئلن جي حل لاءِ فيصلا ڪيا ويا انهي موقعي تي اڳواڻن چيو ته حڪومت کي گهرجي ته عوام جا مسئلا حل ڪري جي حوالي سان شهر ۾ اجلاس ٿيو جنهن ۾ مختلف مسئلن تي بحث ڪيو ويو ۽ عوام کي درپيش مسئلن جي حل لاءِ فيصلا ڪيا ويا انهي موقعي تي اڳواڻن چيو ته حڪومت کي گهرجي ته عوام جا مسئلا حل ڪري جي حوالي سان شهر ۾ اجلاس ٿيو جنهن ۾ مختلف مسئلن تي بحث ڪيو ويو ۽ عوام کي درپيش مسئلن جي حل لاءِ فيصلا ڪيا ويا انهي موقعي تي اڳواڻن چيو ته حڪومت کي گهرجي ته عوام جا مسئلا حل ڪري
بدين
جي حوالي سان شهر ۾ اجلاس ٿيو جنهن ۾ مختلف مسئلن تي بحث ڪيو ويو ۽ عوام کي درپيش مسئلن جي حل لاءِ فيصلا ڪيا ويا انهي موقعي تي اڳواڻن چيو ته حڪومت کي گهرجي ته عوام جا مسئلا حل ڪري جي حوالي سان شهر ۾ اجلاس ٿيو جنهن ۾ مختلف مسئلن تي بحث ڪيو ويو ۽ عوام کي درپيش مسئلن جي حل لاءِ فيصلا ڪيا ويا انهي موقعي تي اڳواڻن چيو ته حڪومت کي گهرجي ته عوام جا مسئلا حل ڪري جي حوالي سان شهر ۾ اجلاس ٿيو جنهن ۾ مختلف مسئلن تي بحث ڪيو ويو ۽ عوام کي درپيش مسئلن جي حل لاءِ فيصلا ڪيا ويا انهي موقعي تي اڳواڻن چيو ته حڪومت کي گهرجي ته عوام جا مسئلا حل ڪري جي حوالي سان شهر ۾ اجلاس ٿيو جنهن ۾ مختلف مسئلن تي بحث ڪيو ويو ۽ عوام کي درپيش مسئلن جي حل لاءِ فيصلا ڪيا ويا انهي موقعي تي اڳواڻن چيو ته حڪومت کي گهرجي ته عوام جا مسئلا حل ڪري جي حوالي سان شهر ۾ اجلاس ٿيو جنهن ۾ مختلف مسئلن تي بحث ڪيو ويو ۽ عوام کي درپيش مسئلن جي حل لاءِ فيصلا ڪيا ويا انهي موقعي تي اڳواڻن چيو ته حڪومت کي گهرجي ته عوام جا مسئلا حل ڪري جي حوالي سان شهر ۾ اجلاس ٿيو جنهن ۾ مختلف مسئلن تي بحث ڪيو ويو ۽ عوام کي درپيش مسئلن جي حل لاءِ فيصلا ڪيا ويا انهي موقعي تي اڳواڻن چيو ته حڪومت کي گهرجي ته عوام جا مسئلا حل ڪري جي حوالي سان شهر ۾ اجلاس ٿيو جنهن ۾ مختلف مسئلن تي بحث ڪيو ويو ۽ عوام کي درپيش مسئلن جي حل لاءِ فيصلا ڪيا ويا انهي موقعي تي اڳواڻن چيو ته حڪومت کي گهرجي ته عوام جا مسئلا حل ڪري جي حوالي سان شهر ۾ اجلاس ٿيو جنهن ۾ مختلف مسئلن تي بحث ڪيو ويو ۽ عوام کي درپيش مسئلن جي حل لاءِ فيصلا ڪيا ويا انهي موقعي تي اڳواڻن چيو ته حڪومت کي گهرجي ته عوام جا مسئلا حل ڪري جي حوالي سان شهر ۾ اجلاس ٿيو جنهن ۾ مختلف مسئلن تي بحث ڪيو ويو ۽ عوام کي درپيش مسئلن جي حل لاءِ فيصلا ڪيا ويا انهي موقعي تي اڳواڻن چيو ته حڪومت کي گهرجي ته عوام جا مسئلا حل ڪري جي حوالي سان شهر ۾ اجلاس ٿيو جنهن ۾ مختلف مسئلن تي بحث ڪيو ويو ۽ عوام کي درپيش مسئلن جي حل لاءِ فيصلا ڪيا ويا انهي موقعي تي اڳواڻن چيو ته حڪومت کي گهرجي ته عوام جا مسئلا حل ڪري
ڪنڌڪوٽ
جي حوالي سان شهر ۾ اجلاس ٿيو جنهن ۾ مختلف مسئلن تي بحث ڪيو ويو ۽ عوام کي درپيش مسئلن جي حل لاءِ فيصلا ڪيا ويا انهي موقعي تي اڳواڻن چيو ته حڪومت کي گهرجي ته عوام جا مسئلا حل ڪري جي حوالي سان شهر ۾ اجلاس ٿيو جنهن ۾ مختلف مسئلن تي بحث ڪيو ويو ۽ عوام کي درپيش مسئلن جي حل لاءِ فيصلا ڪيا ويا انهي موقعي تي اڳواڻن چيو ته حڪومت کي گهرجي ته عوام جا مسئلا حل ڪري جي حوالي سان شهر ۾ اجلاس ٿيو جنهن ۾ مختلف مسئلن تي بحث ڪيو ويو ۽ عوام کي درپيش مسئلن جي حل لاءِ فيصلا ڪيا ويا انهي موقعي تي اڳواڻن چيو ته حڪومت کي گهرجي ته عوام جا مسئلا حل ڪري جي حوالي سان شهر ۾ اجلاس ٿيو جنهن ۾ مختلف مسئلن تي بحث ڪيو ويو ۽ عوام کي درپيش مسئلن جي حل لاءِ فيصلا ڪيا ويا انهي موقعي تي اڳواڻن چيو ته حڪومت کي گهرجي ته عوام جا مسئلا حل ڪري جي حوالي سان شهر ۾ اجلاس ٿيو جنهن ۾ مختلف مسئلن تي بحث ڪيو ويو ۽ عوام کي درپيش مسئلن جي حل لاءِ فيصلا ڪيا ويا انهي موقعي تي اڳواڻن چيو ته حڪومت کي گهرجي ته عوام جا مسئلا حل ڪري جي حوالي سان شهر ۾ اجلاس ٿيو جنهن ۾ مختلف مسئلن تي بحث ڪيو ويو ۽ عوام کي درپيش مسئلن جي حل لاءِ فيصلا ڪيا ويا انهي موقعي تي اڳواڻن چيو ته حڪومت کي گهرجي ته عوام جا مسئلا حل ڪري
ڪشمور
جي حوالي سان شهر ۾ اجلاس ٿيو جنهن ۾ مختلف مسئلن تي بحث ڪيو ويو ۽ عوام کي درپيش مسئلن جي حل لاءِ فيصلا ڪيا ويا انهي موقعي تي اڳواڻن چيو ته حڪومت کي گهرجي ته عوام جا مسئلا حل ڪري جي حوالي سان شهر ۾ اجلاس ٿيو جنهن ۾ مختلف مسئلن تي بحث ڪيو ويو ۽ عوام کي درپيش مسئلن جي حل لاءِ فيصلا ڪيا ويا انهي موقعي تي اڳواڻن چيو ته حڪومت کي گهرجي ته عوام جا مسئلا حل ڪري جي حوالي سان شهر ۾ اجلاس ٿيو جنهن ۾ مختلف مسئلن تي بحث ڪيو ويو ۽ عوام کي درپيش مسئلن جي حل لاءِ فيصلا ڪيا ويا انهي موقعي تي اڳواڻن چيو ته حڪومت کي گهرجي ته عوام جا مسئلا حل ڪري جي حوالي سان شهر ۾ اجلاس ٿيو جنهن ۾ مختلف مسئلن تي بحث ڪيو ويو ۽ عوام کي درپيش مسئلن جي حل لاءِ فيصلا ڪيا ويا انهي موقعي تي اڳواڻن چيو ته حڪومت کي گهرجي ته عوام جا مسئلا حل ڪري جي حوالي سان شهر ۾ اجلاس ٿيو جنهن ۾ مختلف مسئلن تي بحث ڪيو ويو ۽ عوام کي درپيش مسئلن جي حل لاءِ فيصلا ڪيا ويا انهي موقعي تي اڳواڻن چيو ته حڪومت کي گهرجي ته عوام جا مسئلا حل ڪري جي حوالي سان شهر ۾ اجلاس ٿيو جنهن ۾ مختلف مسئلن تي بحث ڪيو ويو ۽ عوام کي درپيش مسئلن جي حل لاءِ فيصلا ڪيا ويا انهي موقعي تي اڳواڻن چيو ته حڪومت کي گهرجي ته عوام جا مسئلا حل ڪري جي حوالي سان شهر ۾ اجلاس ٿيو جنهن ۾ مختلف مسئلن تي بحث ڪيو ويو ۽ عوام کي درپيش مسئلن جي حل لاءِ فيصلا ڪيا ويا انهي موقعي تي اڳواڻن چيو ته حڪومت کي گهرجي ته عوام جا مسئلا حل ڪري
مٽياري
جي حوالي سان شهر ۾ اجلاس ٿيو جنهن ۾ مختلف مسئلن تي بحث ڪيو ويو ۽ عوام کي درپيش مسئلن جي حل لاءِ فيصلا ڪيا ويا انهي موقعي تي اڳواڻن چيو ته حڪومت کي گهرجي ته عوام جا مسئلا حل ڪري جي حوالي سان شهر ۾ اجلاس ٿيو جنهن ۾ مختلف مسئلن تي بحث ڪيو ويو ۽ عوام کي درپيش مسئلن جي حل لاءِ فيصلا ڪيا ويا انهي موقعي تي اڳواڻن چيو ته حڪومت کي گهرجي ته عوام جا مسئلا حل ڪري جي حوالي سان شهر ۾ اجلاس ٿيو جنهن ۾ مختلف مسئلن تي بحث ڪيو ويو ۽ عوام کي درپيش مسئلن جي حل لاءِ فيصلا ڪيا ويا انهي موقعي تي اڳواڻن چيو ته حڪومت کي گهرجي ته عوام جا مسئلا حل ڪري جي حوالي سان شهر ۾ اجلاس ٿيو جنهن ۾ مختلف مسئلن تي بحث ڪيو ويو ۽ عوام کي درپيش مسئلن جي حل لاءِ فيصلا ڪيا ويا انهي موقعي تي اڳواڻن چيو ته حڪومت کي گهرجي ته عوام جا مسئلا حل ڪري جي حوالي سان شهر ۾ اجلاس ٿيو جنهن ۾ مختلف مسئلن تي بحث ڪيو ويو ۽ عوام کي درپيش مسئلن جي حل لاءِ فيصلا ڪيا ويا انهي موقعي تي اڳواڻن چيو ته حڪومت کي گهرجي ته عوام جا مسئلا حل ڪري جي حوالي سان شهر ۾ اجلاس ٿيو جنهن ۾ مختلف مسئلن تي بحث ڪيو ويو ۽ عوام کي درپيش مسئلن جي حل لاءِ فيصلا ڪيا ويا انهي موقعي تي اڳواڻن چيو ته حڪومت کي گهرجي ته عوام جا مسئلا حل ڪري جي حوالي سان شهر ۾ اجلاس ٿيو جنهن ۾ مختلف مسئلن تي بحث ڪيو ويو ۽ عوام کي درپيش مسئلن جي حل لاءِ فيصلا ڪيا ويا انهي موقعي تي اڳواڻن چيو ته حڪومت کي گهرجي ته عوام جا مسئلا حل ڪري جي حوالي سان شهر ۾ اجلاس ٿيو جنهن ۾ مختلف مسئلن تي بحث ڪيو ويو ۽ عوام کي درپيش مسئلن جي حل لاءِ فيصلا ڪيا ويا انهي موقعي تي اڳواڻن چيو ته حڪومت کي گهرجي ته عوام جا مسئلا حل ڪري
نوابشاهه
جي حوالي سان شهر ۾ اجلاس ٿيو جنهن ۾ مختلف مسئلن تي بحث ڪيو ويو ۽ عوام کي درپيش مسئلن جي حل لاءِ فيصلا ڪيا ويا انهي موقعي تي اڳواڻن چيو ته حڪومت کي گهرجي ته عوام جا مسئلا حل ڪري جي حوالي سان شهر ۾ اجلاس ٿيو جنهن ۾ مختلف مسئلن تي بحث ڪيو ويو ۽ عوام کي درپيش مسئلن جي حل لاءِ فيصلا ڪيا ويا انهي موقعي تي اڳواڻن چيو ته حڪومت کي گهرجي ته عوام جا مسئلا حل ڪري جي حوالي سان شهر ۾ اجلاس ٿيو جنهن ۾ مختلف مسئلن تي بحث ڪيو ويو ۽ عوام کي درپيش مسئلن جي حل لاءِ فيصلا ڪيا ويا انهي موقعي تي اڳواڻن چيو ته حڪومت کي گهرجي ته عوام جا مسئلا حل ڪري جي حوالي سان شهر ۾ اجلاس ٿيو جنهن ۾ مختلف مسئلن تي بحث ڪيو ويو ۽ عوام کي درپيش مسئلن جي حل لاءِ فيصلا ڪيا ويا انهي موقعي تي اڳواڻن چيو ته حڪومت کي گهرجي ته عوام جا مسئلا حل ڪري جي حوالي سان شهر ۾ اجلاس ٿيو جنهن ۾ مختلف مسئلن تي بحث ڪيو ويو ۽ عوام کي درپيش مسئلن جي حل لاءِ فيصلا ڪيا ويا انهي موقعي تي اڳواڻن چيو ته حڪومت کي گهرجي ته عوام جا مسئلا حل ڪري جي حوالي سان شهر ۾ اجلاس ٿيو جنهن ۾ مختلف مسئلن تي بحث ڪيو ويو ۽ عوام کي درپيش مسئلن جي حل لاءِ فيصلا ڪيا ويا انهي موقعي تي اڳواڻن چيو ته حڪومت کي گهرجي ته عوام جا مسئلا حل ڪري جي حوالي سان شهر ۾ اجلاس ٿيو جنهن ۾ مختلف مسئلن تي بحث ڪيو ويو ۽ عوام کي درپيش مسئلن جي حل لاءِ فيصلا ڪيا ويا انهي موقعي تي اڳواڻن چيو ته حڪومت کي گهرجي ته عوام جا مسئلا حل ڪري جي حوالي سان شهر ۾ اجلاس ٿيو جنهن ۾ مختلف مسئلن تي بحث ڪيو ويو ۽ عوام کي درپيش مسئلن جي حل لاءِ فيصلا ڪيا ويا انهي موقعي تي اڳواڻن چيو ته حڪومت کي گهرجي ته عوام جا مسئلا حل ڪري جي حوالي سان شهر ۾ اجلاس ٿيو جنهن ۾ مختلف مسئلن تي بحث ڪيو ويو ۽ عوام کي درپيش مسئلن جي حل لاءِ فيصلا ڪيا ويا انهي موقعي تي اڳواڻن چيو ته حڪومت کي گهرجي ته عوام جا مسئلا حل ڪري
ٽنڊو محمد خان
جي حوالي سان شهر ۾ اجلاس ٿيو جنهن ۾ مختلف مسئلن تي بحث ڪيو ويو ۽ عوام کي درپيش مسئلن جي حل لاءِ فيصلا ڪيا ويا انهي موقعي تي اڳواڻن چيو ته حڪومت کي گهرجي ته عوام جا مسئلا حل ڪري جي حوالي سان شهر ۾ اجلاس ٿيو جنهن ۾ مختلف مسئلن تي بحث ڪيو ويو ۽ عوام کي درپيش مسئلن جي حل لاءِ فيصلا ڪيا ويا انهي موقعي تي اڳواڻن چيو ته حڪومت کي گهرجي ته عوام جا مسئلا حل ڪري جي حوالي سان شهر ۾ اجلاس ٿيو جنهن ۾ مختلف مسئلن تي بحث ڪيو ويو ۽ عوام کي درپيش مسئلن جي حل لاءِ فيصلا ڪيا ويا انهي موقعي تي اڳواڻن چيو ته حڪومت کي گهرجي ته عوام جا مسئلا حل ڪري جي حوالي سان شهر ۾ اجلاس ٿيو جنهن ۾ مختلف مسئلن تي بحث ڪيو ويو ۽ عوام کي درپيش مسئلن جي حل لاءِ فيصلا ڪيا ويا انهي موقعي تي اڳواڻن چيو ته حڪومت کي گهرجي ته عوام جا مسئلا حل ڪري جي حوالي سان شهر ۾ اجلاس ٿيو جنهن ۾ مختلف مسئلن تي بحث ڪيو ويو ۽ عوام کي درپيش مسئلن جي حل لاءِ فيصلا ڪيا ويا انهي موقعي تي اڳواڻن چيو ته حڪومت کي گهرجي ته عوام جا مسئلا حل ڪري جي حوالي سان شهر ۾ اجلاس ٿيو جنهن ۾ مختلف مسئلن تي بحث ڪيو ويو ۽ عوام کي درپيش مسئلن جي حل لاءِ فيصلا ڪيا ويا انهي موقعي تي اڳواڻن چيو ته حڪومت کي گهرجي ته عوام جا مسئلا حل ڪري جي حوالي سان شهر ۾ اجلاس ٿيو جنهن ۾ مختلف مسئلن تي بحث ڪيو ويو ۽ عوام کي درپيش مسئلن جي حل لاءِ فيصلا ڪيا ويا انهي موقعي تي اڳواڻن چيو ته حڪومت کي گهرجي ته عوام جا مسئلا حل ڪري جي حوالي سان شهر ۾ اجلاس ٿيو جنهن ۾ مختلف مسئلن تي بحث ڪيو ويو ۽ عوام کي درپيش مسئلن جي حل لاءِ فيصلا ڪيا ويا انهي موقعي تي اڳواڻن چيو ته حڪومت کي گهرجي ته عوام جا مسئلا حل ڪري جي حوالي سان شهر ۾ اجلاس ٿيو جنهن ۾ مختلف مسئلن تي بحث ڪيو ويو ۽ عوام کي درپيش مسئلن جي حل لاءِ فيصلا ڪيا ويا انهي موقعي تي اڳواڻن چيو ته حڪومت کي گهرجي ته عوام جا مسئلا حل ڪري جي حوالي سان شهر ۾ اجلاس ٿيو جنهن ۾ مختلف مسئلن تي بحث ڪيو ويو ۽ عوام کي درپيش مسئلن جي حل لاءِ فيصلا ڪيا ويا انهي موقعي تي اڳواڻن چيو ته حڪومت کي گهرجي ته عوام جا مسئلا حل ڪري
قمبر
جي حوالي سان شهر ۾ اجلاس ٿيو جنهن ۾ مختلف مسئلن تي بحث ڪيو ويو ۽ عوام کي درپيش مسئلن جي حل لاءِ فيصلا ڪيا ويا انهي موقعي تي اڳواڻن چيو ته حڪومت کي گهرجي ته عوام جا مسئلا حل ڪري جي حوالي سان شهر ۾ اجلاس ٿيو جنهن ۾ مختلف مسئلن تي بحث ڪيو ويو ۽ عوام کي درپيش مسئلن جي حل لاءِ فيصلا ڪيا ويا انهي موقعي تي اڳواڻن چيو ته حڪومت کي گهرجي ته عوام جا مسئلا حل ڪري جي حوالي سان شهر ۾ اجلاس ٿيو جنهن ۾ مختلف مسئلن تي بحث ڪيو ويو ۽ عوام کي درپيش مسئلن جي حل لاءِ فيصلا ڪيا ويا انهي موقعي تي اڳواڻن چيو ته حڪومت کي گهرجي ته عوام جا مسئلا حل ڪري جي حوالي سان شهر ۾ اجلاس ٿيو جنهن ۾ مختلف مسئلن تي بحث ڪيو ويو ۽ عوام کي درپيش مسئلن جي حل لاءِ فيصلا ڪيا ويا انهي موقعي تي اڳواڻن چيو ته حڪومت کي گهرجي ته عوام جا مسئلا حل ڪري جي حوالي سان شهر ۾ اجلاس ٿيو جنهن ۾ مختلف مسئلن تي بحث ڪيو ويو ۽ عوام کي درپيش مسئلن جي حل لاءِ فيصلا ڪيا ويا انهي موقعي تي اڳواڻن چيو ته حڪومت کي گهرجي ته عوام جا مسئلا حل ڪري جي حوالي سان شهر ۾ اجلاس ٿيو جنهن ۾ مختلف مسئلن تي بحث ڪيو ويو ۽ عوام کي درپيش مسئلن جي حل لاءِ فيصلا ڪيا ويا انهي موقعي تي اڳواڻن چيو ته حڪومت کي گهرجي ته عوام جا مسئلا حل ڪري
شهدادڪوٽ
جي حوالي سان شهر ۾ اجلاس ٿيو جنهن ۾ مختلف مسئلن تي بحث ڪيو ويو ۽ عوام کي درپيش مسئلن جي حل لاءِ فيصلا ڪيا ويا انهي موقعي تي اڳواڻن چيو ته حڪومت کي گهرجي ته عوام جا مسئلا حل ڪري جي حوالي سان شهر ۾ اجلاس ٿيو جنهن ۾ مختلف مسئلن تي بحث ڪيو ويو ۽ عوام کي درپيش مسئلن جي حل لاءِ فيصلا ڪيا ويا انهي موقعي تي اڳواڻن چيو ته حڪومت کي گهرجي ته عوام جا مسئلا حل ڪري جي حوالي سان شهر ۾ اجلاس ٿيو جنهن ۾ مختلف مسئلن تي بحث ڪيو ويو ۽ عوام کي درپيش مسئلن جي حل لاءِ فيصلا ڪيا ويا انهي موقعي تي اڳواڻن چيو ته حڪومت کي گهرجي ته عوام جا مسئلا حل ڪري جي حوالي سان شهر ۾ اجلاس ٿيو جنهن ۾ مختلف مسئلن تي بحث ڪيو ويو ۽ عوام کي درپيش مسئلن جي حل لاءِ فيصلا ڪيا ويا انهي موقعي تي اڳواڻن چيو ته حڪومت کي گهرجي ته عوام جا مسئلا حل ڪري جي حوالي سان شهر ۾ اجلاس ٿيو جنهن ۾ مختلف مسئلن تي بحث ڪيو ويو ۽ عوام کي درپيش مسئلن جي حل لاءِ فيصلا ڪيا ويا انهي موقعي تي اڳواڻن چيو ته حڪومت کي گهرجي ته عوام جا مسئلا حل ڪري جي حوالي سان شهر ۾ اجلاس ٿيو جنهن ۾ مختلف مسئلن تي بحث ڪيو ويو ۽ عوام کي درپيش مسئلن جي حل لاءِ فيصلا ڪيا ويا انهي موقعي تي اڳواڻن چيو ته حڪومت کي گهرجي ته عوام جا مسئلا حل ڪري جي حوالي سان شهر ۾ اجلاس ٿيو جنهن ۾ مختلف مسئلن تي بحث ڪيو ويو ۽ عوام کي درپيش مسئلن جي حل لاءِ فيصلا ڪيا ويا انهي موقعي تي اڳواڻن چيو ته حڪومت کي گهرجي ته عوام جا مسئلا حل ڪري
گهوٽڪي
جي حوالي سان شهر ۾ اجلاس ٿيو جنهن ۾ مختلف مسئلن تي بحث ڪيو ويو ۽ عوام کي درپيش مسئلن جي حل لاءِ فيصلا ڪيا ويا انهي موقعي تي اڳواڻن چيو ته حڪومت کي گهرجي ته عوام جا مسئلا حل ڪري جي حوالي سان شهر ۾ اجلاس ٿيو جنهن ۾ مختلف مسئلن تي بحث ڪيو ويو ۽ عوام کي درپيش مسئلن جي حل لاءِ فيصلا ڪيا ويا انهي موقعي تي اڳواڻن چيو ته حڪومت کي گهرجي ته عوام جا مسئلا حل ڪري جي حوالي سان شهر ۾ اجلاس ٿيو جنهن ۾ مختلف مسئلن تي بحث ڪيو ويو ۽ عوام کي درپيش مسئلن جي حل لاءِ فيصلا ڪيا ويا انهي موقعي تي اڳواڻن چيو ته حڪومت کي گهرجي ته عوام جا مسئلا حل ڪري جي حوالي سان شهر ۾ اجلاس ٿيو جنهن ۾ مختلف مسئلن تي بحث ڪيو ويو ۽ عوام کي درپيش مسئلن جي حل لاءِ فيصلا ڪيا ويا انهي موقعي تي اڳواڻن چيو ته حڪومت کي گهرجي ته عوام جا مسئلا حل ڪري جي حوالي سان شهر ۾ اجلاس ٿيو جنهن ۾ مختلف مسئلن تي بحث ڪيو ويو ۽ عوام کي درپيش مسئلن جي حل لاءِ فيصلا ڪيا ويا انهي موقعي تي اڳواڻن چيو ته حڪومت کي گهرجي ته عوام جا مسئلا حل ڪري جي حوالي سان شهر ۾ اجلاس ٿيو جنهن ۾ مختلف مسئلن تي بحث ڪيو ويو ۽ عوام کي درپيش مسئلن جي حل لاءِ فيصلا ڪيا ويا انهي موقعي تي اڳواڻن چيو ته حڪومت کي گهرجي ته عوام جا مسئلا حل ڪري جي حوالي سان شهر ۾ اجلاس ٿيو جنهن ۾ مختلف مسئلن تي بحث ڪيو ويو ۽ عوام کي درپيش مسئلن جي حل لاءِ فيصلا ڪيا ويا انهي موقعي تي اڳواڻن چيو ته حڪومت کي گهرجي ته عوام جا مسئلا حل ڪري جي حوالي سان شهر ۾ اجلاس ٿيو جنهن ۾ مختلف مسئلن تي بحث ڪيو ويو ۽ عوام کي درپيش مسئلن جي حل لاءِ فيصلا ڪيا ويا انهي موقعي تي اڳواڻن چيو ته حڪومت کي گهرجي ته عوام جا مسئلا حل ڪري
اسلام ڪوٽ
جي حوالي سان شهر ۾ اجلاس ٿيو جنهن ۾ مختلف مسئلن تي بحث ڪيو ويو ۽ عوام کي درپيش مسئلن جي حل لاءِ فيصلا ڪيا ويا انهي موقعي تي اڳواڻن چيو ته حڪومت کي گهرجي ته عوام جا مسئلا حل ڪري جي حوالي سان شهر ۾ اجلاس ٿيو جنهن ۾ مختلف مسئلن تي بحث ڪيو ويو ۽ عوام کي درپيش مسئلن جي حل لاءِ فيصلا ڪيا ويا انهي موقعي تي اڳواڻن چيو ته حڪومت کي گهرجي ته عوام جا مسئلا حل ڪري جي حوالي سان شهر ۾ اجلاس ٿيو جنهن ۾ مختلف مسئلن تي بحث ڪيو ويو ۽ عوام کي درپيش مسئلن جي حل لاءِ فيصلا ڪيا ويا انهي موقعي تي اڳواڻن چيو ته حڪومت کي گهرجي ته عوام جا مسئلا حل ڪري جي حوالي سان شهر ۾ اجلاس ٿيو جنهن ۾ مختلف مسئلن تي بحث ڪيو ويو ۽ عوام کي درپيش مسئلن جي حل لاءِ فيصلا ڪيا ويا انهي موقعي تي اڳواڻن چيو ته حڪومت کي گهرجي ته عوام جا مسئلا حل ڪري جي حوالي سان شهر ۾ اجلاس ٿيو جنهن ۾ مختلف مسئلن تي بحث ڪيو ويو ۽ عوام کي درپيش مسئلن جي حل لاءِ فيصلا ڪيا ويا انهي موقعي تي اڳواڻن چيو ته حڪومت کي گهرجي ته عوام جا مسئلا حل ڪري جي حوالي سان شهر ۾ اجلاس ٿيو جنهن ۾ مختلف مسئلن تي بحث ڪيو ويو ۽ عوام کي درپيش مسئلن جي حل لاءِ فيصلا ڪيا ويا انهي موقعي تي اڳواڻن چيو ته حڪومت کي گهرجي ته عوام جا مسئلا حل ڪري جي حوالي سان شهر ۾ اجلاس ٿيو جنهن ۾ مختلف مسئلن تي بحث ڪيو ويو ۽ عوام کي درپيش مسئلن جي حل لاءِ فيصلا ڪيا ويا انهي موقعي تي اڳواڻن چيو ته حڪومت کي گهرجي ته عوام جا مسئلا حل ڪري جي حوالي سان شهر ۾ اجلاس ٿيو جنهن ۾ مختلف مسئلن تي بحث ڪيو ويو ۽ عوام کي درپيش مسئلن جي حل لاءِ فيصلا ڪيا ويا انهي موقعي تي اڳواڻن چيو ته حڪومت کي گهرجي ته عوام جا مسئلا حل ڪري جي حوالي سان شهر ۾ اجلاس ٿيو جنهن ۾ مختلف مسئلن تي بحث ڪيو ويو ۽ عوام کي درپيش مسئلن جي حل لاءِ فيصلا ڪيا ويا انهي موقعي تي اڳواڻن چيو ته حڪومت کي گهرجي ته عوام جا مسئلا حل ڪري جي حوالي سان شهر ۾ اجلاس ٿيو جنهن ۾ مختلف مسئلن تي بحث ڪيو ويو ۽ عوام کي درپيش مسئلن جي حل لاءِ فيصلا ڪيا ويا انهي موقعي تي اڳواڻن چيو ته حڪومت کي گهرجي ته عوام جا مسئلا حل ڪري
مٺي
جي حوالي سان شهر ۾ اجلاس ٿيو جنهن ۾ مختلف مسئلن تي بحث ڪيو ويو ۽ عوام کي درپيش مسئلن جي حل لاءِ فيصلا ڪيا ويا انهي موقعي تي اڳواڻن چيو ته حڪومت کي گهرجي ته عوام جا مسئلا حل ڪري جي حوالي سان شهر ۾ اجلاس ٿيو جنهن ۾ مختلف مسئلن تي بحث ڪيو ويو ۽ عوام کي درپيش مسئلن جي حل لاءِ فيصلا ڪيا ويا انهي موقعي تي اڳواڻن چيو ته حڪومت کي گهرجي ته عوام جا مسئلا حل ڪري جي حوالي سان شهر ۾ اجلاس ٿيو جنهن ۾ مختلف مسئلن تي بحث ڪيو ويو ۽ عوام کي درپيش مسئلن جي حل لاءِ فيصلا ڪيا ويا انهي موقعي تي اڳواڻن چيو ته حڪومت کي گهرجي ته عوام جا مسئلا حل ڪري جي حوالي سان شهر ۾ اجلاس ٿيو جنهن ۾ مختلف مسئلن تي بحث ڪيو ويو ۽ عوام کي درپيش مسئلن جي حل لاءِ فيصلا ڪيا ويا انهي موقعي تي اڳواڻن چيو ته حڪومت کي گهرجي ته عوام جا مسئلا حل ڪري جي حوالي سان شهر ۾ اجلاس ٿيو جنهن ۾ مختلف مسئلن تي بحث ڪيو ويو ۽ عوام کي درپيش مسئلن جي حل لاءِ فيصلا ڪيا ويا انهي موقعي تي اڳواڻن چيو ته حڪومت کي گهرجي ته عوام جا مسئلا حل ڪري جي حوالي سان شهر ۾ اجلاس ٿيو جنهن ۾ مختلف مسئلن تي بحث ڪيو ويو ۽ عوام کي درپيش مسئلن جي حل لاءِ فيصلا ڪيا ويا انهي موقعي تي اڳواڻن چيو ته حڪومت کي گهرجي ته عوام جا مسئلا حل ڪري
ڇاڇرو
جي حوالي سان شهر ۾ اجلاس ٿيو جنهن ۾ مختلف مسئلن تي بحث ڪيو ويو ۽ عوام کي درپيش مسئلن جي حل لاءِ فيصلا ڪيا ويا انهي موقعي تي اڳواڻن چيو ته حڪومت کي گهرجي ته عوام جا مسئلا حل ڪري جي حوالي سان شهر ۾ اجلاس ٿيو جنهن ۾ مختلف مسئلن تي بحث ڪيو ويو ۽ عوام کي درپيش مسئلن جي حل لاءِ فيصلا ڪيا ويا انهي موقعي تي اڳواڻن چيو ته حڪومت کي گهرجي ته عوام جا مسئلا حل ڪري جي حوالي سان شهر ۾ اجلاس ٿيو جنهن ۾ مختلف مسئلن تي بحث ڪيو ويو ۽ عوام کي درپيش مسئلن جي حل لاءِ فيصلا ڪيا ويا انهي موقعي تي اڳواڻن چيو ته حڪومت کي گهرجي ته عوام جا مسئلا حل ڪري جي حوالي سان شهر ۾ اجلاس ٿيو جنهن ۾ مختلف مسئلن تي بحث ڪيو ويو ۽ عوام کي درپيش مسئلن جي حل لاءِ فيصلا ڪيا ويا انهي موقعي تي اڳواڻن چيو ته حڪومت کي گهرجي ته عوام جا مسئلا حل ڪري جي حوالي سان شهر ۾ اجلاس ٿيو جنهن ۾ مختلف مسئلن تي بحث ڪيو ويو ۽ عوام کي درپيش مسئلن جي حل لاءِ فيصلا ڪيا ويا انهي موقعي تي اڳواڻن چيو ته حڪومت کي گهرجي ته عوام جا مسئلا حل ڪري جي حوالي سان شهر ۾ اجلاس ٿيو جنهن ۾ مختلف مسئلن تي بحث ڪيو ويو ۽ عوام کي درپيش مسئلن جي حل لاءِ فيصلا ڪيا ويا انهي موقعي تي اڳواڻن چيو ته حڪومت کي گهرجي ته عوام جا مسئلا حل ڪري جي حوالي سان شهر ۾ اجلاس ٿيو جنهن ۾ مختلف مسئلن تي بحث ڪيو ويو ۽ عوام کي درپيش مسئلن جي حل لاءِ فيصلا ڪيا ويا انهي موقعي تي اڳواڻن چيو ته حڪومت کي گهرجي ته عوام جا مسئلا حل ڪري
ڏيپلو
جي حوالي سان شهر ۾ اجلاس ٿيو جنهن ۾ مختلف مسئلن تي بحث ڪيو ويو ۽ عوام کي درپيش مسئلن جي حل لاءِ فيصلا ڪيا ويا انهي موقعي تي اڳواڻن چيو ته حڪومت کي گهرجي ته عوام جا مسئلا حل ڪري جي حوالي سان شهر ۾ اجلاس ٿيو جنهن ۾ مختلف مسئلن تي بحث ڪيو ويو ۽ عوام کي درپيش مسئلن جي حل لاءِ فيصلا ڪيا ويا انهي موقعي تي اڳواڻن چيو ته حڪومت کي گهرجي ته عوام جا مسئلا حل ڪري جي حوالي سان شهر ۾ اجلاس ٿيو جنهن ۾ مختلف مسئلن تي بحث ڪيو ويو ۽ عوام کي درپيش مسئلن جي حل لاءِ فيصلا ڪيا ويا انهي موقعي تي اڳواڻن چيو ته حڪومت کي گهرجي ته عوام جا مسئلا حل ڪري جي حوالي سان شهر ۾ اجلاس ٿيو جنهن ۾ مختلف مسئلن تي بحث ڪيو ويو ۽ عوام کي درپيش مسئلن جي حل لاءِ فيصلا ڪيا ويا انهي موقعي تي اڳواڻن چيو ته حڪومت کي گهرجي ته عوام جا مسئلا حل ڪري جي حوالي سان شهر ۾ اجلاس ٿيو جنهن ۾ مختلف مسئلن تي بحث ڪيو ويو ۽ عوام کي درپيش مسئلن جي حل لاءِ فيصلا ڪيا ويا انهي موقعي تي اڳواڻن چيو ته حڪومت کي گهرجي ته عوام جا مسئلا حل ڪري جي حوالي سان شهر ۾ اجلاس ٿيو جنهن ۾ مختلف مسئلن تي بحث ڪيو ويو ۽ عوام کي درپيش مسئلن جي حل لاءِ فيصلا ڪيا ويا انهي موقعي تي اڳواڻن چيو ته حڪومت کي گهرجي ته عوام جا مسئلا حل ڪري جي حوالي سان شهر ۾ اجلاس ٿيو جنهن ۾ مختلف مسئلن تي بحث ڪيو ويو ۽ عوام کي درپيش مسئلن جي حل لاءِ فيصلا ڪيا ويا انهي موقعي تي اڳواڻن چيو ته حڪومت کي گهرجي ته عوام جا مسئلا حل ڪري جي حوالي سان شهر ۾ اجلاس ٿيو جنهن ۾ مختلف مسئلن تي بحث ڪيو ويو ۽ عوام کي درپيش مسئلن جي حل لاءِ فيصلا ڪيا ويا انهي موقعي تي اڳواڻن چيو ته حڪومت کي گهرجي ته عوام جا مسئلا حل ڪري
ننگرپارڪر
جي حوالي سان شهر ۾ اجلاس ٿيو جنهن ۾ مختلف مسئلن تي بحث ڪيو ويو ۽ عوام کي درپيش مسئلن جي حل لاءِ فيصلا ڪيا ويا انهي موقعي تي اڳواڻن چيو ته حڪومت کي گهرجي ته عوام جا مسئلا حل ڪري جي حوالي سان شهر ۾ اجلاس ٿيو جنهن ۾ مختلف مسئلن تي بحث ڪيو ويو ۽ عوام کي درپيش مسئلن جي حل لاءِ فيصلا ڪيا ويا انهي موقعي تي اڳواڻن چيو ته حڪومت کي گهرجي ته عوام جا مسئلا حل ڪري جي حوالي سان شهر ۾ اجلاس ٿيو جنهن ۾ مختلف مسئلن تي بحث ڪيو ويو ۽ عوام کي درپيش مسئلن جي حل لاءِ فيصلا ڪيا ويا انهي موقعي تي اڳواڻن چيو ته حڪومت کي گهرجي ته عوام جا مسئلا حل ڪري جي حوالي سان شهر ۾ اجلاس ٿيو جنهن ۾ مختلف مسئلن تي بحث ڪيو ويو ۽ عوام کي درپيش مسئلن جي حل لاءِ فيصلا ڪيا ويا انهي موقعي تي اڳواڻن چيو ته حڪومت کي گهرجي ته عوام جا مسئلا حل ڪري جي حوالي سان شهر ۾ اجلاس ٿيو جنهن ۾ مختلف مسئلن تي بحث ڪيو ويو ۽ عوام کي درپيش مسئلن جي حل لاءِ فيصلا ڪيا ويا انهي موقعي تي اڳواڻن چيو ته حڪومت کي گهرجي ته عوام جا مسئلا حل ڪري جي حوالي سان شهر ۾ اجلاس ٿيو جنهن ۾ مختلف مسئلن تي بحث ڪيو ويو ۽ عوام کي درپيش مسئلن جي حل لاءِ فيصلا ڪيا ويا انهي موقعي تي اڳواڻن چيو ته حڪومت کي گهرجي ته عوام جا مسئلا حل ڪري جي حوالي سان شهر ۾ اجلاس ٿيو جنهن ۾ مختلف مسئلن تي بحث ڪيو ويو ۽ عوام کي درپيش مسئلن جي حل لاءِ فيصلا ڪيا ويا انهي موقعي تي اڳواڻن چيو ته حڪومت کي گهرجي ته عوام جا مسئلا حل ڪري جي حوالي سان شهر ۾ اجلاس ٿيو جنهن ۾ مختلف مسئلن تي بحث ڪيو ويو ۽ عوام کي درپيش مسئلن جي حل لاءِ فيصلا ڪيا ويا انهي موقعي تي اڳواڻن چيو ته حڪومت کي گهرجي ته عوام جا مسئلا حل ڪري جي حوالي سان شهر ۾ اجلاس ٿيو جنهن ۾ مختلف مسئلن تي بحث ڪيو ويو ۽ عوام کي درپيش مسئلن جي حل لاءِ فيصلا ڪيا ويا انهي موقعي تي اڳواڻن چيو ته حڪومت کي گهرجي ته عوام جا مسئلا حل ڪري
حيدرآباد
جي حوالي سان شهر ۾ اجلاس ٿيو جنهن ۾ مختلف مسئلن تي بحث ڪيو ويو ۽ عوام کي درپيش مسئلن جي حل لاءِ فيصلا ڪيا ويا انهي موقعي تي اڳواڻن چيو ته حڪومت کي گهرجي ته عوام جا مسئلا حل ڪري جي حوالي سان شهر ۾ اجلاس ٿيو جنهن ۾ مختلف مسئلن تي بحث ڪيو ويو ۽ عوام کي درپيش مسئلن جي حل لاءِ فيصلا ڪيا ويا انهي موقعي تي اڳواڻن چيو ته حڪومت کي گهرجي ته عوام جا مسئلا حل ڪري جي حوالي سان شهر ۾ اجلاس ٿيو جنهن ۾ مختلف مسئلن تي بحث ڪيو ويو ۽ عوام کي درپيش مسئلن جي حل لاءِ فيصلا ڪيا ويا انهي موقعي تي اڳواڻن چيو ته حڪومت کي گهرجي ته عوام جا مسئلا حل ڪري جي حوالي سان شهر ۾ اجلاس ٿيو جنهن ۾ مختلف مسئلن تي بحث ڪيو ويو ۽ عوام کي درپيش مسئلن جي حل لاءِ فيصلا ڪيا ويا انهي موقعي تي اڳواڻن چيو ته حڪومت کي گهرجي ته عوام جا مسئلا حل ڪري جي حوالي سان شهر ۾ اجلاس ٿيو جنهن ۾ مختلف مسئلن تي بحث ڪيو ويو ۽ عوام کي درپيش مسئلن جي حل لاءِ فيصلا ڪيا ويا انهي موقعي تي اڳواڻن چيو ته حڪومت کي گهرجي ته عوام جا مسئلا حل ڪري جي حوالي سان شهر ۾ اجلاس ٿيو جنهن ۾ مختلف مسئلن تي بحث ڪيو ويو ۽ عوام کي درپيش مسئلن جي حل لاءِ فيصلا ڪيا ويا انهي موقعي تي اڳواڻن چيو ته حڪومت کي گهرجي ته عوام جا مسئلا حل ڪري جي حوالي سان شهر ۾ اجلاس ٿيو جنهن ۾ مختلف مسئلن تي بحث ڪيو ويو ۽ عوام کي درپيش مسئلن جي حل لاءِ فيصلا ڪيا ويا انهي موقعي تي اڳواڻن چيو ته حڪومت کي گهرجي ته عوام جا مسئلا حل ڪري جي حوالي سان شهر ۾ اجلاس ٿيو جنهن ۾ مختلف مسئلن تي بحث ڪيو ويو ۽ عوام کي درپيش مسئلن جي حل لاءِ فيصلا ڪيا ويا انهي موقعي تي اڳواڻن چيو ته حڪومت کي گهرجي ته عوام جا مسئلا حل ڪري جي حوالي سان شهر ۾ اجلاس ٿيو جنهن ۾ مختلف مسئلن تي بحث ڪيو ويو ۽ عوام کي درپيش مسئلن جي حل لاءِ فيصلا ڪيا ويا انهي موقعي تي اڳواڻن چيو ته حڪومت کي گهرجي ته عوام جا مسئلا حل ڪري جي حوالي سان شهر ۾ اجلاس ٿيو جنهن ۾ مختلف مسئلن تي بحث ڪيو ويو ۽ عوام کي درپيش مسئلن جي حل لاءِ فيصلا ڪيا ويا انهي موقعي تي اڳواڻن چيو ته حڪومت کي گهرجي ته عوام جا مسئلا حل ڪري
سيوهڻ
جي حوالي سان شهر ۾ اجلاس ٿيو جنهن ۾ مختلف مسئلن تي بحث ڪيو ويو ۽ عوام کي درپيش مسئلن جي حل لاءِ فيصلا ڪيا ويا انهي موقعي تي اڳواڻن چيو ته حڪومت کي گهرجي ته عوام جا مسئلا حل ڪري جي حوالي سان شهر ۾ اجلاس ٿيو جنهن ۾ مختلف مسئلن تي بحث ڪيو ويو ۽ عوام کي درپيش مسئلن جي حل لاءِ فيصلا ڪيا ويا انهي موقعي تي اڳواڻن چيو ته حڪومت کي گهرجي ته عوام جا مسئلا حل ڪري جي حوالي سان شهر ۾ اجلاس ٿيو جنهن ۾ مختلف مسئلن تي بحث ڪيو ويو ۽ عوام کي درپيش مسئلن جي حل لاءِ فيصلا ڪيا ويا انهي موقعي تي اڳواڻن چيو ته حڪومت کي گهرجي ته عوام جا مسئلا حل ڪري جي حوالي سان شهر ۾ اجلاس ٿيو جنهن ۾ مختلف مسئلن تي بحث ڪيو ويو ۽ عوام کي درپيش مسئلن جي حل لاءِ فيصلا ڪيا ويا انهي موقعي تي اڳواڻن چيو ته حڪومت کي گهرجي ته عوام جا مسئلا حل ڪري جي حوالي سان شهر ۾ اجلاس ٿيو جنهن ۾ مختلف مسئلن تي بحث ڪيو ويو ۽ عوام کي درپيش مسئلن جي حل لاءِ فيصلا ڪيا ويا انهي موقعي تي اڳواڻن چيو ته حڪومت کي گهرجي ته عوام جا مسئلا حل ڪري جي حوالي سان شهر ۾ اجلاس ٿيو جنهن ۾ مختلف مسئلن تي بحث ڪيو ويو ۽ عوام کي درپيش مسئلن جي حل لاءِ فيصلا ڪيا ويا انهي موقعي تي اڳواڻن چيو ته حڪومت کي گهرجي ته عوام جا مسئلا حل ڪري
جامشورو
جي حوالي سان شهر ۾ اجلاس ٿيو جنهن ۾ مختلف مسئلن تي بحث ڪيو ويو ۽ عوام کي درپيش مسئلن جي حل لاءِ فيصلا ڪيا ويا انهي موقعي تي اڳواڻن چيو ته حڪومت کي گهرجي ته عوام جا مسئلا حل ڪري جي حوالي سان شهر ۾ اجلاس ٿيو جنهن ۾ مختلف مسئلن تي بحث ڪيو ويو ۽ عوام کي درپيش مسئلن جي حل لاءِ فيصلا ڪيا ويا انهي موقعي تي اڳواڻن چيو ته حڪومت کي گهرجي ته عوام جا مسئلا حل ڪري جي حوالي سان شهر ۾ اجلاس ٿيو جنهن ۾ مختلف مسئلن تي بحث ڪيو ويو ۽ عوام کي درپيش مسئلن جي حل لاءِ فيصلا ڪيا ويا انهي موقعي تي اڳواڻن چيو ته حڪومت کي گهرجي ته عوام جا مسئلا حل ڪري جي حوالي سان شهر ۾ اجلاس ٿيو جنهن ۾ مختلف مسئلن تي بحث ڪيو ويو ۽ عوام کي درپيش مسئلن جي حل لاءِ فيصلا ڪيا ويا انهي موقعي تي اڳواڻن چيو ته حڪومت کي گهرجي ته عوام جا مسئلا حل ڪري جي حوالي سان شهر ۾ اجلاس ٿيو جنهن ۾ مختلف مسئلن تي بحث ڪيو ويو ۽ عوام کي درپيش مسئلن جي حل لاءِ فيصلا ڪيا ويا انهي موقعي تي اڳواڻن چيو ته حڪومت کي گهرجي ته عوام جا مسئلا حل ڪري جي حوالي سان شهر ۾ اجلاس ٿيو جنهن ۾ مختلف مسئلن تي بحث ڪيو ويو ۽ عوام کي درپيش مسئلن جي حل لاءِ فيصلا ڪيا ويا انهي موقعي تي اڳواڻن چيو ته حڪومت کي گهرجي ته عوام جا مسئلا حل ڪري جي حوالي سان شهر ۾ اجلاس ٿيو جنهن ۾ مختلف مسئلن تي بحث ڪيو ويو ۽ عوام کي درپيش مسئلن جي حل لاءِ فيصلا ڪيا ويا انهي موقعي تي اڳواڻن چيو ته حڪومت کي گهرجي ته عوام جا مسئلا حل ڪري
ڪوٽڙي
جي حوالي سان شهر ۾ اجلاس ٿيو جنهن ۾ مختلف مسئلن تي بحث ڪيو ويو ۽ عوام کي درپيش مسئلن جي حل لاءِ فيصلا ڪيا ويا انهي موقعي تي اڳواڻن چيو ته حڪومت کي گهرجي ته عوام جا مسئلا حل ڪري جي حوالي سان شهر ۾ اجلاس ٿيو جنهن ۾ مختلف مسئلن تي بحث ڪيو ويو ۽ عوام کي درپيش مسئلن جي حل لاءِ فيصلا ڪيا ويا انهي موقعي تي اڳواڻن چيو ته حڪومت کي گهرجي ته عوام جا مسئلا حل ڪري جي حوالي سان شهر ۾ اجلاس ٿيو جنهن ۾ مختلف مسئلن تي بحث ڪيو ويو ۽ عوام کي درپيش مسئلن جي حل لاءِ فيصلا ڪيا ويا انهي موقعي تي اڳواڻن چيو ته حڪومت کي گهرجي ته عوام جا مسئلا حل ڪري جي حوالي سان شهر ۾ اجلاس ٿيو جنهن ۾ مختلف مسئلن تي بحث ڪيو ويو ۽ عوام کي درپيش مسئلن جي حل لاءِ فيصلا ڪيا ويا انهي موقعي تي اڳواڻن چيو ته حڪومت کي گهرجي ته عوام جا مسئلا حل ڪري جي حوالي سان شهر ۾ اجلاس ٿيو جنهن ۾ مختلف مسئلن تي بحث ڪيو ويو ۽ عوام کي درپيش مسئلن جي حل لاءِ فيصلا ڪيا ويا انهي موقعي تي اڳواڻن چيو ته حڪومت کي گهرجي ته عوام جا مسئلا حل ڪري جي حوالي سان شهر ۾ اجلاس ٿيو جنهن ۾ مختلف مسئلن تي بحث ڪيو ويو ۽ عوام کي درپيش مسئلن جي حل لاءِ فيصلا ڪيا ويا انهي موقعي تي اڳواڻن چيو ته حڪومت کي گهرجي ته عوام جا مسئلا حل ڪري جي حوالي سان شهر ۾ اجلاس ٿيو جنهن ۾ مختلف مسئلن تي بحث ڪيو ويو ۽ عوام کي درپيش مسئلن جي حل لاءِ فيصلا ڪيا ويا انهي موقعي تي اڳواڻن چيو ته حڪومت کي گهرجي ته عوام جا مسئلا حل ڪري جي حوالي سان شهر ۾ اجلاس ٿيو جنهن ۾ مختلف مسئلن تي بحث ڪيو ويو ۽ عوام کي درپيش مسئلن جي حل لاءِ فيصلا ڪيا ويا انهي موقعي تي اڳواڻن چيو ته حڪومت کي گهرجي ته عوام جا مسئلا حل ڪري
ٿاڻو بولا خان
جي حوالي سان شهر ۾ اجلاس ٿيو جنهن ۾ مختلف مسئلن تي بحث ڪيو ويو ۽ عوام کي درپيش مسئلن جي حل لاءِ فيصلا ڪيا ويا انهي موقعي تي اڳواڻن چيو ته حڪومت کي گهرجي ته عوام جا مسئلا حل ڪري جي حوالي سان شهر ۾ اجلاس ٿيو جنهن ۾ مختلف مسئلن تي بحث ڪيو ويو ۽ عوام کي درپيش مسئلن جي حل لاءِ فيصلا ڪيا ويا انهي موقعي تي اڳواڻن چيو ته حڪومت کي گهرجي ته عوام جا مسئلا حل ڪري جي حوالي سان شهر ۾ اجلاس ٿيو جنهن ۾ مختلف مسئلن تي بحث ڪيو ويو ۽ عوام کي درپيش مسئلن جي حل لاءِ فيصلا ڪيا ويا انهي موقعي تي اڳواڻن چيو ته حڪومت کي گهرجي ته عوام جا مسئلا حل ڪري جي حوالي سان شهر ۾ اجلاس ٿيو جنهن ۾ مختلف مسئلن تي بحث ڪيو ويو ۽ عوام کي درپيش مسئلن جي حل لاءِ فيصلا ڪيا ويا انهي موقعي تي اڳواڻن چيو ته حڪومت کي گهرجي ته عوام جا مسئلا حل ڪري جي حوالي سان شهر ۾ اجلاس ٿيو جنهن ۾ مختلف مسئلن تي بحث ڪيو ويو ۽ عوام کي درپيش مسئلن جي حل لاءِ فيصلا ڪيا ويا انهي موقعي تي اڳواڻن چيو ته حڪومت کي گهرجي ته عوام جا مسئلا حل ڪري جي حوالي سان شهر ۾ اجلاس ٿيو جنهن ۾ مختلف مسئلن تي بحث ڪيو ويو ۽ عوام کي درپيش مسئلن جي حل لاءِ فيصلا ڪيا ويا انهي موقعي تي اڳواڻن چيو ته حڪومت کي گهرجي ته عوام جا مسئلا حل ڪري جي حوالي سان شهر ۾ اجلاس ٿيو جنهن ۾ مختلف مسئلن تي بحث ڪيو ويو ۽ عوام کي درپيش مسئلن جي حل لاءِ فيصلا ڪيا ويا انهي موقعي تي اڳواڻن چيو ته حڪومت کي گهرجي ته عوام جا مسئلا حل ڪري جي حوالي سان شهر ۾ اجلاس ٿيو جنهن ۾ مختلف مسئلن تي بحث ڪيو ويو ۽ عوام کي درپيش مسئلن جي حل لاءِ فيصلا ڪيا ويا انهي موقعي تي اڳواڻن چيو ته حڪومت کي گهرجي ته عوام جا مسئلا حل ڪري جي حوالي سان شهر ۾ اجلاس ٿيو جنهن ۾ مختلف مسئلن تي بحث ڪيو ويو ۽ عوام کي درپيش مسئلن جي حل لاءِ فيصلا ڪيا ويا انهي موقعي تي اڳواڻن چيو ته حڪومت کي گهرجي ته عوام جا مسئلا حل ڪري
مورو
جي حوالي سان شهر ۾ اجلاس ٿيو جنهن ۾ مختلف مسئلن تي بحث ڪيو ويو ۽ عوام کي درپيش مسئلن جي حل لاءِ فيصلا ڪيا ويا انهي موقعي تي اڳواڻن چيو ته حڪومت کي گهرجي ته عوام جا مسئلا حل ڪري جي حوالي سان شهر ۾ اجلاس ٿيو جنهن ۾ مختلف مسئلن تي بحث ڪيو ويو ۽ عوام کي درپيش مسئلن جي حل لاءِ فيصلا ڪيا ويا انهي موقعي تي اڳواڻن چيو ته حڪومت کي گهرجي ته عوام جا مسئلا حل ڪري جي حوالي سان شهر ۾ اجلاس ٿيو جنهن ۾ مختلف مسئلن تي بحث ڪيو ويو ۽ عوام کي درپيش مسئلن جي حل لاءِ فيصلا ڪيا ويا انهي موقعي تي اڳواڻن چيو ته حڪومت کي گهرجي ته عوام جا مسئلا حل ڪري جي حوالي سان شهر ۾ اجلاس ٿيو جنهن ۾ مختلف مسئلن تي بحث ڪيو ويو ۽ عوام کي درپيش مسئلن جي حل لاءِ فيصلا ڪيا ويا انهي موقعي تي اڳواڻن چيو ته حڪومت کي گهرجي ته عوام جا مسئلا حل ڪري جي حوالي سان شهر ۾ اجلاس ٿيو جنهن ۾ مختلف مسئلن تي بحث ڪيو ويو ۽ عوام کي درپيش مسئلن جي حل لاءِ فيصلا ڪيا ويا انهي موقعي تي اڳواڻن چيو ته حڪومت کي گهرجي ته عوام جا مسئلا حل ڪري جي حوالي سان شهر ۾ اجلاس ٿيو جنهن ۾ مختلف مسئلن تي بحث ڪيو ويو ۽ عوام کي درپيش مسئلن جي حل لاءِ فيصلا ڪيا ويا انهي موقعي تي اڳواڻن چيو ته حڪومت کي گهرجي ته عوام جا مسئلا حل ڪري جي حوالي سان شهر ۾ اجلاس ٿيو جنهن ۾ مختلف مسئلن تي بحث ڪيو ويو ۽ عوام کي درپيش مسئلن جي حل لاءِ فيصلا ڪيا ويا انهي موقعي تي اڳواڻن چيو ته حڪومت کي گهرجي ته عوام جا مسئلا حل ڪري جي حوالي سان شهر ۾ اجلاس ٿيو جنهن ۾ مختلف مسئلن تي بحث ڪيو ويو ۽ عوام کي درپيش مسئلن جي حل لاءِ فيصلا ڪيا ويا انهي موقعي تي اڳواڻن چيو ته حڪومت کي گهرجي ته عوام جا مسئلا حل ڪري جي حوالي سان شهر ۾ اجلاس ٿيو جنهن ۾ مختلف مسئلن تي بحث ڪيو ويو ۽ عوام کي درپيش مسئلن جي حل لاءِ فيصلا ڪيا ويا انهي موقعي تي اڳواڻن چيو ته حڪومت کي گهرجي ته عوام جا مسئلا حل ڪري جي حوالي سان شهر ۾ اجلاس ٿيو جنهن ۾ مختلف مسئلن تي بحث ڪيو ويو ۽ عوام کي درپيش مسئلن جي حل لاءِ فيصلا ڪيا ويا انهي موقعي تي اڳواڻن چيو ته حڪومت کي گهرجي ته عوام جا مسئلا حل ڪري
هالا
جي حوالي سان شهر ۾ اجلاس ٿيو جنهن ۾ مختلف مسئلن تي بحث ڪيو ويو ۽ عوام کي درپيش مسئلن جي حل لاءِ فيصلا ڪيا ويا انهي موقعي تي اڳواڻن چيو ته حڪومت کي گهرجي ته عوام جا مسئلا حل ڪري جي حوالي سان شهر ۾ اجلاس ٿيو جنهن ۾ مختلف مسئلن تي بحث ڪيو ويو ۽ عوام کي درپيش مسئلن جي حل لاءِ فيصلا ڪيا ويا انهي موقعي تي اڳواڻن چيو ته حڪومت کي گهرجي ته عوام جا مسئلا حل ڪري جي حوالي سان شهر ۾ اجلاس ٿيو جنهن ۾ مختلف مسئلن تي بحث ڪيو ويو ۽ عوام کي درپيش مسئلن جي حل لاءِ فيصلا ڪيا ويا انهي موقعي تي اڳواڻن چيو ته حڪومت کي گهرجي ته عوام جا مسئلا حل ڪري جي حوالي سان شهر ۾ اجلاس ٿيو جنهن ۾ مختلف مسئلن تي بحث ڪيو ويو ۽ عوام کي درپيش مسئلن جي حل لاءِ فيصلا ڪيا ويا انهي موقعي تي اڳواڻن چيو ته حڪومت کي گهرجي ته عوام جا مسئلا حل ڪري جي حوالي سان شهر ۾ اجلاس ٿيو جنهن ۾ مختلف مسئلن تي بحث ڪيو ويو ۽ عوام کي درپيش مسئلن جي حل لاءِ فيصلا ڪيا ويا انهي موقعي تي اڳواڻن چيو ته حڪومت کي گهرجي ته عوام جا مسئلا حل ڪري جي حوالي سان شهر ۾ اجلاس ٿيو جنهن ۾ مختلف مسئلن تي بحث ڪيو ويو ۽ عوام کي درپيش مسئلن جي حل لاءِ فيصلا ڪيا ويا انهي موقعي تي اڳواڻن چيو ته حڪومت کي گهرجي ته عوام جا مسئلا حل ڪري جي حوالي سان شهر ۾ اجلاس ٿيو جنهن ۾ مختلف مسئلن تي بحث ڪيو ويو ۽ عوام کي درپيش مسئلن جي حل لاءِ فيصلا ڪيا ويا انهي موقعي تي اڳواڻن چيو ته حڪومت کي گهرجي ته عوام جا مسئلا حل ڪري
سڪرنڊ
جي حوالي سان شهر ۾ اجلاس ٿيو جنهن ۾ مختلف مسئلن تي بحث ڪيو ويو ۽ عوام کي درپيش مسئلن جي حل لاءِ فيصلا ڪيا ويا انهي موقعي تي اڳواڻن چيو ته حڪومت کي گهرجي ته عوام جا مسئلا حل ڪري جي حوالي سان شهر ۾ اجلاس ٿيو جنهن ۾ مختلف مسئلن تي بحث ڪيو ويو ۽ عوام کي درپيش مسئلن جي حل لاءِ فيصلا ڪيا ويا انهي موقعي تي اڳواڻن چيو ته حڪومت کي گهرجي ته عوام جا مسئلا حل ڪري جي حوالي سان شهر ۾ اجلاس ٿيو جنهن ۾ مختلف مسئلن تي بحث ڪيو ويو ۽ عوام کي درپيش مسئلن جي حل لاءِ فيصلا ڪيا ويا انهي موقعي تي اڳواڻن چيو ته حڪومت کي گهرجي ته عوام جا مسئلا حل ڪري جي حوالي سان شهر ۾ اجلاس ٿيو جنهن ۾ مختلف مسئلن تي بحث ڪيو ويو ۽ عوام کي درپيش مسئلن جي حل لاءِ فيصلا ڪيا ويا انهي موقعي تي اڳواڻن چيو ته حڪومت کي گهرجي ته عوام جا مسئلا حل ڪري جي حوالي سان شهر ۾ اجلاس ٿيو جنهن ۾ مختلف مسئلن تي بحث ڪيو ويو ۽ عوام کي درپيش مسئلن جي حل لاءِ فيصلا ڪيا ويا انهي موقعي تي اڳواڻن چيو ته حڪومت کي گهرجي ته عوام جا مسئلا حل ڪري جي حوالي سان شهر ۾ اجلاس ٿيو جنهن ۾ مختلف مسئلن تي بحث ڪيو ويو ۽ عوام کي درپيش مسئلن جي حل لاءِ فيصلا ڪيا ويا انهي موقعي تي اڳواڻن چيو ته حڪومت کي گهرجي ته عوام جا مسئلا حل ڪري جي حوالي سان شهر ۾ اجلاس ٿيو جنهن ۾ مختلف مسئلن تي بحث ڪيو ويو ۽ عوام کي درپيش مسئلن جي حل لاءِ فيصلا ڪيا ويا انهي موقعي تي اڳواڻن چيو ته حڪومت کي گهرجي ته عوام جا مسئلا حل ڪري جي حوالي سان شهر ۾ اجلاس ٿيو جنهن ۾ مختلف مسئلن تي بحث ڪيو ويو ۽ عوام کي درپيش مسئلن جي حل لاءِ فيصلا ڪيا ويا انهي موقعي تي اڳواڻن چيو ته حڪومت کي گهرجي ته عوام جا مسئلا حل ڪري
ڀريا
جي حوالي سان شهر ۾ اجلاس ٿيو جنهن ۾ مختلف مسئلن تي بحث ڪيو ويو ۽ عوام کي درپيش مسئلن جي حل لاءِ فيصلا ڪيا ويا انهي موقعي تي اڳواڻن چيو ته حڪومت کي گهرجي ته عوام جا مسئلا حل ڪري جي حوالي سان شهر ۾ اجلاس ٿيو جنهن ۾ مختلف مسئلن تي بحث ڪيو ويو ۽ عوام کي درپيش مسئلن جي حل لاءِ فيصلا ڪيا ويا انهي موقعي تي اڳواڻن چيو ته حڪومت کي گهرجي ته عوام جا مسئلا حل ڪري جي حوالي سان شهر ۾ اجلاس ٿيو جنهن ۾ مختلف مسئلن تي بحث ڪيو ويو ۽ عوام کي درپيش مسئلن جي حل لاءِ فيصلا ڪيا ويا انهي موقعي تي اڳواڻن چيو ته حڪومت کي گهرجي ته عوام جا مسئلا حل ڪري جي حوالي سان شهر ۾ اجلاس ٿيو جنهن ۾ مختلف مسئلن تي بحث ڪيو ويو ۽ عوام کي درپيش مسئلن جي حل لاءِ فيصلا ڪيا ويا انهي موقعي تي اڳواڻن چيو ته حڪومت کي گهرجي ته عوام جا مسئلا حل ڪري جي حوالي سان شهر ۾ اجلاس ٿيو جنهن ۾ مختلف مسئلن تي بحث ڪيو ويو ۽ عوام کي درپيش مسئلن جي حل لاءِ فيصلا ڪيا ويا انهي موقعي تي اڳواڻن چيو ته حڪومت کي گهرجي ته عوام جا مسئلا حل ڪري جي حوالي سان شهر ۾ اجلاس ٿيو جنهن ۾ مختلف مسئلن تي بحث ڪيو ويو ۽ عوام کي درپيش مسئلن جي حل لاءِ فيصلا ڪيا ويا انهي موقعي تي اڳواڻن چيو ته حڪومت کي گهرجي ته عوام جا مسئلا حل ڪري جي حوالي سان شهر ۾ اجلاس ٿيو جنهن ۾ مختلف مسئلن تي بحث ڪيو ويو ۽ عوام کي درپيش مسئلن جي حل لاءِ فيصلا ڪيا ويا انهي موقعي تي اڳواڻن چيو ته حڪومت کي گهرجي ته عوام جا مسئلا حل ڪري جي حوالي سان شهر ۾ اجلاس ٿيو جنهن ۾ مختلف مسئلن تي بحث ڪيو ويو ۽ عوام کي درپيش مسئلن جي حل لاءِ فيصلا ڪيا ويا انهي موقعي تي اڳواڻن چيو ته حڪومت کي گهرجي ته عوام جا مسئلا حل ڪري جي حوالي سان شهر ۾ اجلاس ٿيو جنهن ۾ مختلف مسئلن تي بحث ڪيو ويو ۽ عوام کي درپيش مسئلن جي حل لاءِ فيصلا ڪيا ويا انهي موقعي تي اڳواڻن چيو ته حڪومت کي گهرجي ته عوام جا مسئلا حل ڪري
محراب پور
جي حوالي سان شهر ۾ اجلاس ٿيو جنهن ۾ مختلف مسئلن تي بحث ڪيو ويو ۽ عوام کي درپيش مسئلن جي حل لاءِ فيصلا ڪيا ويا انهي موقعي تي اڳواڻن چيو ته حڪومت کي گهرجي ته عوام جا مسئلا حل ڪري جي حوالي سان شهر ۾ اجلاس ٿيو جنهن ۾ مختلف مسئلن تي بحث ڪيو ويو ۽ عوام کي درپيش مسئلن جي حل لاءِ فيصلا ڪيا ويا انهي موقعي تي اڳواڻن چيو ته حڪومت کي گهرجي ته عوام جا مسئلا حل ڪري جي حوالي سان شهر ۾ اجلاس ٿيو جنهن ۾ مختلف مسئلن تي بحث ڪيو ويو ۽ عوام کي درپيش مسئلن جي حل لاءِ فيصلا ڪيا ويا انهي موقعي تي اڳواڻن چيو ته حڪومت کي گهرجي ته عوام جا مسئلا حل ڪري جي حوالي سان شهر ۾ اجلاس ٿيو جنهن ۾ مختلف مسئلن تي بحث ڪيو ويو ۽ عوام کي درپيش مسئلن جي حل لاءِ فيصلا ڪيا ويا انهي موقعي تي اڳواڻن چيو ته حڪومت کي گهرجي ته عوام جا مسئلا حل ڪري جي حوالي سان شهر ۾ اجلاس ٿيو جنهن ۾ مختلف مسئلن تي بحث ڪيو ويو ۽ عوام کي درپيش مسئلن جي حل لاءِ فيصلا ڪيا ويا انهي موقعي تي اڳواڻن چيو ته حڪومت کي گهرجي ته عوام جا مسئلا حل ڪري جي حوالي سان شهر ۾ اجلاس ٿيو جنهن ۾ مختلف مسئلن تي بحث ڪيو ويو ۽ عوام کي درپيش مسئلن جي حل لاءِ فيصلا ڪيا ويا انهي موقعي تي اڳواڻن چيو ته حڪومت کي گهرجي ته عوام جا مسئلا حل ڪري جي حوالي سان شهر ۾ اجلاس ٿيو جنهن ۾ مختلف مسئلن تي بحث ڪيو ويو ۽ عوام کي درپيش مسئلن جي حل لاءِ فيصلا ڪيا ويا انهي موقعي تي اڳواڻن چيو ته حڪومت کي گهرجي ته عوام جا مسئلا حل ڪري جي حوالي سان شهر ۾ اجلاس ٿيو جنهن ۾ مختلف مسئلن تي بحث ڪيو ويو ۽ عوام کي درپيش مسئلن جي حل لاءِ فيصلا ڪيا ويا انهي موقعي تي اڳواڻن چيو ته حڪومت کي گهرجي ته عوام جا مسئلا حل ڪري جي حوالي سان شهر ۾ اجلاس ٿيو جنهن ۾ مختلف مسئلن تي بحث ڪيو ويو ۽ عوام کي درپيش مسئلن جي حل لاءِ فيصلا ڪيا ويا انهي موقعي تي اڳواڻن چيو ته حڪومت کي گهرجي ته عوام جا مسئلا حل ڪري جي حوالي سان شهر ۾ اجلاس ٿيو جنهن ۾ مختلف مسئلن تي بحث ڪيو ويو ۽ عوام کي درپيش مسئلن جي حل لاءِ فيصلا ڪيا ويا انهي موقعي تي اڳواڻن چيو ته حڪومت کي گهرجي ته عوام جا مسئلا حل ڪري
پڈعيدن
جي حوالي سان شهر ۾ اجلاس ٿيو جنهن ۾ مختلف مسئلن تي بحث ڪيو ويو ۽ عوام کي درپيش مسئلن جي حل لاءِ فيصلا ڪيا ويا انهي موقعي تي اڳواڻن چيو ته حڪومت کي گهرجي ته عوام جا مسئلا حل ڪري جي حوالي سان شهر ۾ اجلاس ٿيو جنهن ۾ مختلف مسئلن تي بحث ڪيو ويو ۽ عوام کي درپيش مسئلن جي حل لاءِ فيصلا ڪيا ويا انهي موقعي تي اڳواڻن چيو ته حڪومت کي گهرجي ته عوام جا مسئلا حل ڪري جي حوالي سان شهر ۾ اجلاس ٿيو جنهن ۾ مختلف مسئلن تي بحث ڪيو ويو ۽ عوام کي درپيش مسئلن جي حل لاءِ فيصلا ڪيا ويا انهي موقعي تي اڳواڻن چيو ته حڪومت کي گهرجي ته عوام جا مسئلا حل ڪري جي حوالي سان شهر ۾ اجلاس ٿيو جنهن ۾ مختلف مسئلن تي بحث ڪيو ويو ۽ عوام کي درپيش مسئلن جي حل لاءِ فيصلا ڪيا ويا انهي موقعي تي اڳواڻن چيو ته حڪومت کي گهرجي ته عوام جا مسئلا حل ڪري جي حوالي سان شهر ۾ اجلاس ٿيو جنهن ۾ مختلف مسئلن تي بحث ڪيو ويو ۽ عوام کي درپيش مسئلن جي حل لاءِ فيصلا ڪيا ويا انهي موقعي تي اڳواڻن چيو ته حڪومت کي گهرجي ته عوام جا مسئلا حل ڪري جي حوالي سان شهر ۾ اجلاس ٿيو جنهن ۾ مختلف مسئلن تي بحث ڪيو ويو ۽ عوام کي درپيش مسئلن جي حل لاءِ فيصلا ڪيا ويا انهي موقعي تي اڳواڻن چيو ته حڪومت کي گهرجي ته عوام جا مسئلا حل ڪري
سانگهڙ
جي حوالي سان شهر ۾ اجلاس ٿيو جنهن ۾ مختلف مسئلن تي بحث ڪيو ويو ۽ عوام کي درپيش مسئلن جي حل لاءِ فيصلا ڪيا ويا انهي موقعي تي اڳواڻن چيو ته حڪومت کي گهرجي ته عوام جا مسئلا حل ڪري جي حوالي سان شهر ۾ اجلاس ٿيو جنهن ۾ مختلف مسئلن تي بحث ڪيو ويو ۽ عوام کي درپيش مسئلن جي حل لاءِ فيصلا ڪيا ويا انهي موقعي تي اڳواڻن چيو ته حڪومت کي گهرجي ته عوام جا مسئلا حل ڪري جي حوالي سان شهر ۾ اجلاس ٿيو جنهن ۾ مختلف مسئلن تي بحث ڪيو ويو ۽ عوام کي درپيش مسئلن جي حل لاءِ فيصلا ڪيا ويا انهي موقعي تي اڳواڻن چيو ته حڪومت کي گهرجي ته عوام جا مسئلا حل ڪري جي حوالي سان شهر ۾ اجلاس ٿيو جنهن ۾ مختلف مسئلن تي بحث ڪيو ويو ۽ عوام کي درپيش مسئلن جي حل لاءِ فيصلا ڪيا ويا انهي موقعي تي اڳواڻن چيو ته حڪومت کي گهرجي ته عوام جا مسئلا حل ڪري جي حوالي سان شهر ۾ اجلاس ٿيو جنهن ۾ مختلف مسئلن تي بحث ڪيو ويو ۽ عوام کي درپيش مسئلن جي حل لاءِ فيصلا ڪيا ويا انهي موقعي تي اڳواڻن چيو ته حڪومت کي گهرجي ته عوام جا مسئلا حل ڪري جي حوالي سان شهر ۾ اجلاس ٿيو جنهن ۾ مختلف مسئلن تي بحث ڪيو ويو ۽ عوام کي درپيش مسئلن جي حل لاءِ فيصلا ڪيا ويا انهي موقعي تي اڳواڻن چيو ته حڪومت کي گهرجي ته عوام جا مسئلا حل ڪري جي حوالي سان شهر ۾ اجلاس ٿيو جنهن ۾ مختلف مسئلن تي بحث ڪيو ويو ۽ عوام کي درپيش مسئلن جي حل لاءِ فيصلا ڪيا ويا انهي موقعي تي اڳواڻن چيو ته حڪومت کي گهرجي ته عوام جا مسئلا حل ڪري
اسپين سرائون
جي حوالي سان شهر ۾ اجلاس ٿيو جنهن ۾ مختلف مسئلن تي بحث ڪيو ويو ۽ عوام کي درپيش مسئلن جي حل لاءِ فيصلا ڪيا ويا انهي موقعي تي اڳواڻن چيو ته حڪومت کي گهرجي ته عوام جا مسئلا حل ڪري جي حوالي سان شهر ۾ اجلاس ٿيو جنهن ۾ مختلف مسئلن تي بحث ڪيو ويو ۽ عوام کي درپيش مسئلن جي حل لاءِ فيصلا ڪيا ويا انهي موقعي تي اڳواڻن چيو ته حڪومت کي گهرجي ته عوام جا مسئلا حل ڪري جي حوالي سان شهر ۾ اجلاس ٿيو جنهن ۾ مختلف مسئلن تي بحث ڪيو ويو ۽ عوام کي درپيش مسئلن جي حل لاءِ فيصلا ڪيا ويا انهي موقعي تي اڳواڻن چيو ته حڪومت کي گهرجي ته عوام جا مسئلا حل ڪري جي حوالي سان شهر ۾ اجلاس ٿيو جنهن ۾ مختلف مسئلن تي بحث ڪيو ويو ۽ عوام کي درپيش مسئلن جي حل لاءِ فيصلا ڪيا ويا انهي موقعي تي اڳواڻن چيو ته حڪومت کي گهرجي ته عوام جا مسئلا حل ڪري جي حوالي سان شهر ۾ اجلاس ٿيو جنهن ۾ مختلف مسئلن تي بحث ڪيو ويو ۽ عوام کي درپيش مسئلن جي حل لاءِ فيصلا ڪيا ويا انهي موقعي تي اڳواڻن چيو ته حڪومت کي گهرجي ته عوام جا مسئلا حل ڪري جي حوالي سان شهر ۾ اجلاس ٿيو جنهن ۾ مختلف مسئلن تي بحث ڪيو ويو ۽ عوام کي درپيش مسئلن جي حل لاءِ فيصلا ڪيا ويا انهي موقعي تي اڳواڻن چيو ته حڪومت کي گهرجي ته عوام جا مسئلا حل ڪري جي حوالي سان شهر ۾ اجلاس ٿيو جنهن ۾ مختلف مسئلن تي بحث ڪيو ويو ۽ عوام کي درپيش مسئلن جي حل لاءِ فيصلا ڪيا ويا انهي موقعي تي اڳواڻن چيو ته حڪومت کي گهرجي ته عوام جا مسئلا حل ڪري جي حوالي سان شهر ۾ اجلاس ٿيو جنهن ۾ مختلف مسئلن تي بحث ڪيو ويو ۽ عوام کي درپيش مسئلن جي حل لاءِ فيصلا ڪيا ويا انهي موقعي تي اڳواڻن چيو ته حڪومت کي گهرجي ته عوام جا مسئلا حل ڪري
چيف جسٽس
جي حوالي سان شهر ۾ اجلاس ٿيو جنهن ۾ مختلف مسئلن تي بحث ڪيو ويو ۽ عوام کي درپيش مسئلن جي حل لاءِ فيصلا ڪيا ويا انهي موقعي تي اڳواڻن چيو ته حڪومت کي گهرجي ته عوام جا مسئلا حل ڪري جي حوالي سان شهر ۾ اجلاس ٿيو جنهن ۾ مختلف مسئلن تي بحث ڪيو ويو ۽ عوام کي درپيش مسئلن جي حل لاءِ فيصلا ڪيا ويا انهي موقعي تي اڳواڻن چيو ته حڪومت کي گهرجي ته عوام جا مسئلا حل ڪري جي حوالي سان شهر ۾ اجلاس ٿيو جنهن ۾ مختلف مسئلن تي بحث ڪيو ويو ۽ عوام کي درپيش مسئلن جي حل لاءِ فيصلا ڪيا ويا انهي موقعي تي اڳواڻن چيو ته حڪومت کي گهرجي ته عوام جا مسئلا حل ڪري جي حوالي سان شهر ۾ اجلاس ٿيو جنهن ۾ مختلف مسئلن تي بحث ڪيو ويو ۽ عوام کي درپيش مسئلن جي حل لاءِ فيصلا ڪيا ويا انهي موقعي تي اڳواڻن چيو ته حڪومت کي گهرجي ته عوام جا مسئلا حل ڪري جي حوالي سان شهر ۾ اجلاس ٿيو جنهن ۾ مختلف مسئلن تي بحث ڪيو ويو ۽ عوام کي درپيش مسئلن جي حل لاءِ فيصلا ڪيا ويا انهي موقعي تي اڳواڻن چيو ته حڪومت کي گهرجي ته عوام جا مسئلا حل ڪري جي حوالي سان شهر ۾ اجلاس ٿيو جنهن ۾ مختلف مسئلن تي بحث ڪيو ويو ۽ عوام کي درپيش مسئلن جي حل لاءِ فيصلا ڪيا ويا انهي موقعي تي اڳواڻن چيو ته حڪومت کي گهرجي ته عوام جا مسئلا حل ڪري جي حوالي سان شهر ۾ اجلاس ٿيو جنهن ۾ مختلف مسئلن تي بحث ڪيو ويو ۽ عوام کي درپيش مسئلن جي حل لاءِ فيصلا ڪيا ويا انهي موقعي تي اڳواڻن چيو ته حڪومت کي گهرجي ته عوام جا مسئلا حل ڪري جي حوالي سان شهر ۾ اجلاس ٿيو جنهن ۾ مختلف مسئلن تي بحث ڪيو ويو ۽ عوام کي درپيش مسئلن جي حل لاءِ فيصلا ڪيا ويا انهي موقعي تي اڳواڻن چيو ته حڪومت کي گهرجي ته عوام جا مسئلا حل ڪري جي حوالي سان شهر ۾ اجلاس ٿيو جنهن ۾ مختلف مسئلن تي بحث ڪيو ويو ۽ عوام کي درپيش مسئلن جي حل لاءِ فيصلا ڪيا ويا انهي موقعي تي اڳواڻن چيو ته حڪومت کي گهرجي ته عوام جا مسئلا حل ڪري
طارق عظيم
جي حوالي سان شهر ۾ اجلاس ٿيو جنهن ۾ مختلف مسئلن تي بحث ڪيو ويو ۽ عوام کي درپيش مسئلن جي حل لاءِ فيصلا ڪيا ويا انهي موقعي تي اڳواڻن چيو ته حڪومت کي گهرجي ته عوام جا مسئلا حل ڪري جي حوالي سان شهر ۾ اجلاس ٿيو جنهن ۾ مختلف مسئلن تي بحث ڪيو ويو ۽ عوام کي درپيش مسئلن جي حل لاءِ فيصلا ڪيا ويا انهي موقعي تي اڳواڻن چيو ته حڪومت کي گهرجي ته عوام جا مسئلا حل ڪري جي حوالي سان شهر ۾ اجلاس ٿيو جنهن ۾ مختلف مسئلن تي بحث ڪيو ويو ۽ عوام کي درپيش مسئلن جي حل لاءِ فيصلا ڪيا ويا انهي موقعي تي اڳواڻن چيو ته حڪومت کي گهرجي ته عوام جا مسئلا حل ڪري جي حوالي سان شهر ۾ اجلاس ٿيو جنهن ۾ مختلف مسئلن تي بحث ڪيو ويو ۽ عوام کي درپيش مسئلن جي حل لاءِ فيصلا ڪيا ويا انهي موقعي تي اڳواڻن چيو ته حڪومت کي گهرجي ته عوام جا مسئلا حل ڪري جي حوالي سان شهر ۾ اجلاس ٿيو جنهن ۾ مختلف مسئلن تي بحث ڪيو ويو ۽ عوام کي درپيش مسئلن جي حل لاءِ فيصلا ڪيا ويا انهي موقعي تي اڳواڻن چيو ته حڪومت کي گهرجي ته عوام جا مسئلا حل ڪري جي حوالي سان شهر ۾ اجلاس ٿيو جنهن ۾ مختلف مسئلن تي بحث ڪيو ويو ۽ عوام کي درپيش مسئلن جي حل لاءِ فيصلا ڪيا ويا انهي موقعي تي اڳواڻن چيو ته حڪومت کي گهرجي ته عوام جا مسئلا حل ڪري جي حوالي سان شهر ۾ اجلاس ٿيو جنهن ۾ مختلف مسئلن تي بحث ڪيو ويو ۽ عوام کي درپيش مسئلن جي حل لاءِ فيصلا ڪيا ويا انهي موقعي تي اڳواڻن چيو ته حڪومت کي گهرجي ته عوام جا مسئلا حل ڪري جي حوالي سان شهر ۾ اجلاس ٿيو جنهن ۾ مختلف مسئلن تي بحث ڪيو ويو ۽ عوام کي درپيش مسئلن جي حل لاءِ فيصلا ڪيا ويا انهي موقعي تي اڳواڻن چيو ته حڪومت کي گهرجي ته عوام جا مسئلا حل ڪري جي حوالي سان شهر ۾ اجلاس ٿيو جنهن ۾ مختلف مسئلن تي بحث ڪيو ويو ۽ عوام کي درپيش مسئلن جي حل لاءِ فيصلا ڪيا ويا انهي موقعي تي اڳواڻن چيو ته حڪومت کي گهرجي ته عوام جا مسئلا حل ڪري جي حوالي سان شهر ۾ اجلاس ٿيو جنهن ۾ مختلف مسئلن تي بحث ڪيو ويو ۽ عوام کي درپيش مسئلن جي حل لاءِ فيصلا ڪيا ويا انهي موقعي تي اڳواڻن چيو ته حڪومت کي گهرجي ته عوام جا مسئلا حل ڪري
اسٽينڊنگ ڪاميٽي
جي حوالي سان شهر ۾ اجلاس ٿيو جنهن ۾ مختلف مسئلن تي بحث ڪيو ويو ۽ عوام کي درپيش مسئلن جي حل لاءِ فيصلا ڪيا ويا انهي موقعي تي اڳواڻن چيو ته حڪومت کي گهرجي ته عوام جا مسئلا حل ڪري جي حوالي سان شهر ۾ اجلاس ٿيو جنهن ۾ مختلف مسئلن تي بحث ڪيو ويو ۽ عوام کي درپيش مسئلن جي حل لاءِ فيصلا ڪيا ويا انهي موقعي تي اڳواڻن چيو ته حڪومت کي گهرجي ته عوام جا مسئلا حل ڪري جي حوالي سان شهر ۾ اجلاس ٿيو جنهن ۾ مختلف مسئلن تي بحث ڪيو ويو ۽ عوام کي درپيش مسئلن جي حل لاءِ فيصلا ڪيا ويا انهي موقعي تي اڳواڻن چيو ته حڪومت کي گهرجي ته عوام جا مسئلا حل ڪري جي حوالي سان شهر ۾ اجلاس ٿيو جنهن ۾ مختلف مسئلن تي بحث ڪيو ويو ۽ عوام کي درپيش مسئلن جي حل لاءِ فيصلا ڪيا ويا انهي موقعي تي اڳواڻن چيو ته حڪومت کي گهرجي ته عوام جا مسئلا حل ڪري جي حوالي سان شهر ۾ اجلاس ٿيو جنهن ۾ مختلف مسئلن تي بحث ڪيو ويو ۽ عوام کي درپيش مسئلن جي حل لاءِ فيصلا ڪيا ويا انهي موقعي تي اڳواڻن چيو ته حڪومت کي گهرجي ته عوام جا مسئلا حل ڪري جي حوالي سان شهر ۾ اجلاس ٿيو جنهن ۾ مختلف مسئلن تي بحث ڪيو ويو ۽ عوام کي درپيش مسئلن جي حل لاءِ فيصلا ڪيا ويا انهي موقعي تي اڳواڻن چيو ته حڪومت کي گهرجي ته عوام جا مسئلا حل ڪري
ٽنڊو باگو
جي حوالي سان شهر ۾ اجلاس ٿيو جنهن ۾ مختلف مسئلن تي بحث ڪيو ويو ۽ عوام کي درپيش مسئلن جي حل لاءِ فيصلا ڪيا ويا انهي موقعي تي اڳواڻن چيو ته حڪومت کي گهرجي ته عوام جا مسئلا حل ڪري جي حوالي سان شهر ۾ اجلاس ٿيو جنهن ۾ مختلف مسئلن تي بحث ڪيو ويو ۽ عوام کي درپيش مسئلن جي حل لاءِ فيصلا ڪيا ويا انهي موقعي تي اڳواڻن چيو ته حڪومت کي گهرجي ته عوام جا مسئلا حل ڪري جي حوالي سان شهر ۾ اجلاس ٿيو جنهن ۾ مختلف مسئلن تي بحث ڪيو ويو ۽ عوام کي درپيش مسئلن جي حل لاءِ فيصلا ڪيا ويا انهي موقعي تي اڳواڻن چيو ته حڪومت کي گهرجي ته عوام جا مسئلا حل ڪري جي حوالي سان شهر ۾ اجلاس ٿيو جنهن ۾ مختلف مسئلن تي بحث ڪيو ويو ۽ عوام کي درپيش مسئلن جي حل لاءِ فيصلا ڪيا ويا انهي موقعي تي اڳواڻن چيو ته حڪومت کي گهرجي ته عوام جا مسئلا حل ڪري جي حوالي سان شهر ۾ اجلاس ٿيو جنهن ۾ مختلف مسئلن تي بحث ڪيو ويو ۽ عوام کي درپيش مسئلن جي حل لاءِ فيصلا ڪيا ويا انهي موقعي تي اڳواڻن چيو ته حڪومت کي گهرجي ته عوام جا مسئلا حل ڪري جي حوالي سان شهر ۾ اجلاس ٿيو جنهن ۾ مختلف مسئلن تي بحث ڪيو ويو ۽ عوام کي درپيش مسئلن جي حل لاءِ فيصلا ڪيا ويا انهي موقعي تي اڳواڻن چيو ته حڪومت کي گهرجي ته عوام جا مسئلا حل ڪري جي حوالي سان شهر ۾ اجلاس ٿيو جنهن ۾ مختلف مسئلن تي بحث ڪيو ويو ۽ عوام کي درپيش مسئلن جي حل لاءِ فيصلا ڪيا ويا انهي موقعي تي اڳواڻن چيو ته حڪومت کي گهرجي ته عوام جا مسئلا حل ڪري
مسسات پٽيا
جي حوالي سان شهر ۾ اجلاس ٿيو جنهن ۾ مختلف مسئلن تي بحث ڪيو ويو ۽ عوام کي درپيش مسئلن جي حل لاءِ فيصلا ڪيا ويا انهي موقعي تي اڳواڻن چيو ته حڪومت کي گهرجي ته عوام جا مسئلا حل ڪري جي حوالي سان شهر ۾ اجلاس ٿيو جنهن ۾ مختلف مسئلن تي بحث ڪيو ويو ۽ عوام کي درپيش مسئلن جي حل لاءِ فيصلا ڪيا ويا انهي موقعي تي اڳواڻن چيو ته حڪومت کي گهرجي ته عوام جا مسئلا حل ڪري جي حوالي سان شهر ۾ اجلاس ٿيو جنهن ۾ مختلف مسئلن تي بحث ڪيو ويو ۽ عوام کي درپيش مسئلن جي حل لاءِ فيصلا ڪيا ويا انهي موقعي تي اڳواڻن چيو ته حڪومت کي گهرجي ته عوام جا مسئلا حل ڪري جي حوالي سان شهر ۾ اجلاس ٿيو جنهن ۾ مختلف مسئلن تي بحث ڪيو ويو ۽ عوام کي درپيش مسئلن جي حل لاءِ فيصلا ڪيا ويا انهي موقعي تي اڳواڻن چيو ته حڪومت کي گهرجي ته عوام جا مسئلا حل ڪري جي حوالي سان شهر ۾ اجلاس ٿيو جنهن ۾ مختلف مسئلن تي بحث ڪيو ويو ۽ عوام کي درپيش مسئلن جي حل لاءِ فيصلا ڪيا ويا انهي موقعي تي اڳواڻن چيو ته حڪومت کي گهرجي ته عوام جا مسئلا حل ڪري جي حوالي سان شهر ۾ اجلاس ٿيو جنهن ۾ مختلف مسئلن تي بحث ڪيو ويو ۽ عوام کي درپيش مسئلن جي حل لاءِ فيصلا ڪيا ويا انهي موقعي تي اڳواڻن چيو ته حڪومت کي گهرجي ته عوام جا مسئلا حل ڪري جي حوالي سان شهر ۾ اجلاس ٿيو جنهن ۾ مختلف مسئلن تي بحث ڪيو ويو ۽ عوام کي درپيش مسئلن جي حل لاءِ فيصلا ڪيا ويا انهي موقعي تي اڳواڻن چيو ته حڪومت کي گهرجي ته عوام جا مسئلا حل ڪري جي حوالي سان شهر ۾ اجلاس ٿيو جنهن ۾ مختلف مسئلن تي بحث ڪيو ويو ۽ عوام کي درپيش مسئلن جي حل لاءِ فيصلا ڪيا ويا انهي موقعي تي اڳواڻن چيو ته حڪومت کي گهرجي ته عوام جا مسئلا حل ڪري جي حوالي سان شهر ۾ اجلاس ٿيو جنهن ۾ مختلف مسئلن تي بحث ڪيو ويو ۽ عوام کي درپيش مسئلن جي حل لاءِ فيصلا ڪيا ويا انهي موقعي تي اڳواڻن چيو ته حڪومت کي گهرجي ته عوام جا مسئلا حل ڪري
بدين
جي حوالي سان شهر ۾ اجلاس ٿيو جنهن ۾ مختلف مسئلن تي بحث ڪيو ويو ۽ عوام کي درپيش مسئلن جي حل لاءِ فيصلا ڪيا ويا انهي موقعي تي اڳواڻن چيو ته حڪومت کي گهرجي ته عوام جا مسئلا حل ڪري جي حوالي سان شهر ۾ اجلاس ٿيو جنهن ۾ مختلف مسئلن تي بحث ڪيو ويو ۽ عوام کي درپيش مسئلن جي حل لاءِ فيصلا ڪيا ويا انهي موقعي تي اڳواڻن چيو ته حڪومت کي گهرجي ته عوام جا مسئلا حل ڪري جي حوالي سان شهر ۾ اجلاس ٿيو جنهن ۾ مختلف مسئلن تي بحث ڪيو ويو ۽ عوام کي درپيش مسئلن جي حل لاءِ فيصلا ڪيا ويا انهي موقعي تي اڳواڻن چيو ته حڪومت کي گهرجي ته عوام جا مسئلا حل ڪري جي حوالي سان شهر ۾ اجلاس ٿيو جنهن ۾ مختلف مسئلن تي بحث ڪيو ويو ۽ عوام کي درپيش مسئلن جي حل لاءِ فيصلا ڪيا ويا انهي موقعي تي اڳواڻن چيو ته حڪومت کي گهرجي ته عوام جا مسئلا حل ڪري جي حوالي سان شهر ۾ اجلاس ٿيو جنهن ۾ مختلف مسئلن تي بحث ڪيو ويو ۽ عوام کي درپيش مسئلن جي حل لاءِ فيصلا ڪيا ويا انهي موقعي تي اڳواڻن چيو ته حڪومت کي گهرجي ته عوام جا مسئلا حل ڪري جي حوالي سان شهر ۾ اجلاس ٿيو جنهن ۾ مختلف مسئلن تي بحث ڪيو ويو ۽ عوام کي درپيش مسئلن جي حل لاءِ فيصلا ڪيا ويا انهي موقعي تي اڳواڻن چيو ته حڪومت کي گهرجي ته عوام جا مسئلا حل ڪري جي حوالي سان شهر ۾ اجلاس ٿيو جنهن ۾ مختلف مسئلن تي بحث ڪيو ويو ۽ عوام کي درپيش مسئلن جي حل لاءِ فيصلا ڪيا ويا انهي موقعي تي اڳواڻن چيو ته حڪومت کي گهرجي ته عوام جا مسئلا حل ڪري جي حوالي سان شهر ۾ اجلاس ٿيو جنهن ۾ مختلف مسئلن تي بحث ڪيو ويو ۽ عوام کي درپيش مسئلن جي حل لاءِ فيصلا ڪيا ويا انهي موقعي تي اڳواڻن چيو ته حڪومت کي گهرجي ته عوام جا مسئلا حل ڪري جي حوالي سان شهر ۾ اجلاس ٿيو جنهن ۾ مختلف مسئلن تي بحث ڪيو ويو ۽ عوام کي درپيش مسئلن جي حل لاءِ فيصلا ڪيا ويا انهي موقعي تي اڳواڻن چيو ته حڪومت کي گهرجي ته عوام جا مسئلا حل ڪري جي حوالي سان شهر ۾ اجلاس ٿيو جنهن ۾ مختلف مسئلن تي بحث ڪيو ويو ۽ عوام کي درپيش مسئلن جي حل لاءِ فيصلا ڪيا ويا انهي موقعي تي اڳواڻن چيو ته حڪومت کي گهرجي ته عوام جا مسئلا حل ڪري
ٽنڊو غلام علي
جي حوالي سان شهر ۾ اجلاس ٿيو جنهن ۾ مختلف مسئلن تي بحث ڪيو ويو ۽ عوام کي درپيش مسئلن جي حل لاءِ فيصلا ڪيا ويا انهي موقعي تي اڳواڻن چيو ته حڪومت کي گهرجي ته عوام جا مسئلا حل ڪري جي حوالي سان شهر ۾ اجلاس ٿيو جنهن ۾ مختلف مسئلن تي بحث ڪيو ويو ۽ عوام کي درپيش مسئلن جي حل لاءِ فيصلا ڪيا ويا انهي موقعي تي اڳواڻن چيو ته حڪومت کي گهرجي ته عوام جا مسئلا حل ڪري جي حوالي سان شهر ۾ اجلاس ٿيو جنهن ۾ مختلف مسئلن تي بحث ڪيو ويو ۽ عوام کي درپيش مسئلن جي حل لاءِ فيصلا ڪيا ويا انهي موقعي تي اڳواڻن چيو ته حڪومت کي گهرجي ته عوام جا مسئلا حل ڪري جي حوالي سان شهر ۾ اجلاس ٿيو جنهن ۾ مختلف مسئلن تي بحث ڪيو ويو ۽ عوام کي درپيش مسئلن جي حل لاءِ فيصلا ڪيا ويا انهي موقعي تي اڳواڻن چيو ته حڪومت کي گهرجي ته عوام جا مسئلا حل ڪري جي حوالي سان شهر ۾ اجلاس ٿيو جنهن ۾ مختلف مسئلن تي بحث ڪيو ويو ۽ عوام کي درپيش مسئلن جي حل لاءِ فيصلا ڪيا ويا انهي موقعي تي اڳواڻن چيو ته حڪومت کي گهرجي ته عوام جا مسئلا حل ڪري جي حوالي سان شهر ۾ اجلاس ٿيو جنهن ۾ مختلف مسئلن تي بحث ڪيو ويو ۽ عوام کي درپيش مسئلن جي حل لاءِ فيصلا ڪيا ويا انهي موقعي تي اڳواڻن چيو ته حڪومت کي گهرجي ته عوام جا مسئلا حل ڪري
مکي
جي حوالي سان شهر ۾ اجلاس ٿيو جنهن ۾ مختلف مسئلن تي بحث ڪيو ويو ۽ عوام کي درپيش مسئلن جي حل لاءِ فيصلا ڪيا ويا انهي موقعي تي اڳواڻن چيو ته حڪومت کي گهرجي ته عوام جا مسئلا حل ڪري جي حوالي سان شهر ۾ اجلاس ٿيو جنهن ۾ مختلف مسئلن تي بحث ڪيو ويو ۽ عوام کي درپيش مسئلن جي حل لاءِ فيصلا ڪيا ويا انهي موقعي تي اڳواڻن چيو ته حڪومت کي گهرجي ته عوام جا مسئلا حل ڪري جي حوالي سان شهر ۾ اجلاس ٿيو جنهن ۾ مختلف مسئلن تي بحث ڪيو ويو ۽ عوام کي درپيش مسئلن جي حل لاءِ فيصلا ڪيا ويا انهي موقعي تي اڳواڻن چيو ته حڪومت کي گهرجي ته عوام جا مسئلا حل ڪري جي حوالي سان شهر ۾ اجلاس ٿيو جنهن ۾ مختلف مسئلن تي بحث ڪيو ويو ۽ عوام کي درپيش مسئلن جي حل لاءِ فيصلا ڪيا ويا انهي موقعي تي اڳواڻن چيو ته حڪومت کي گهرجي ته عوام جا مسئلا حل ڪري جي حوالي سان شهر ۾ اجلاس ٿيو جنهن ۾ مختلف مسئلن تي بحث ڪيو ويو ۽ عوام کي درپيش مسئلن جي حل لاءِ فيصلا ڪيا ويا انهي موقعي تي اڳواڻن چيو ته حڪومت کي گهرجي ته عوام جا مسئلا حل ڪري جي حوالي سان شهر ۾ اجلاس ٿيو جنهن ۾ مختلف مسئلن تي بحث ڪيو ويو ۽ عوام کي درپيش مسئلن جي حل لاءِ فيصلا ڪيا ويا انهي موقعي تي اڳواڻن چيو ته حڪومت کي گهرجي ته عوام جا مسئلا حل ڪري جي حوالي سان شهر ۾ اجلاس ٿيو جنهن ۾ مختلف مسئلن تي بحث ڪيو ويو ۽ عوام کي درپيش مسئلن جي حل لاءِ فيصلا ڪيا ويا انهي موقعي تي اڳواڻن چيو ته حڪومت کي گهرجي ته عوام جا مسئلا حل ڪري
ماتلي
جي حوالي سان شهر ۾ اجلاس ٿيو جنهن ۾ مختلف مسئلن تي بحث ڪيو ويو ۽ عوام کي درپيش مسئلن جي حل لاءِ فيصلا ڪيا ويا انهي موقعي تي اڳواڻن چيو ته حڪومت کي گهرجي ته عوام جا مسئلا حل ڪري جي حوالي سان شهر ۾ اجلاس ٿيو جنهن ۾ مختلف مسئلن تي بحث ڪيو ويو ۽ عوام کي درپيش مسئلن جي حل لاءِ فيصلا ڪيا ويا انهي موقعي تي اڳواڻن چيو ته حڪومت کي گهرجي ته عوام جا مسئلا حل ڪري جي حوالي سان شهر ۾ اجلاس ٿيو جنهن ۾ مختلف مسئلن تي بحث ڪيو ويو ۽ عوام کي درپيش مسئلن جي حل لاءِ فيصلا ڪيا ويا انهي موقعي تي اڳواڻن چيو ته حڪومت کي گهرجي ته عوام جا مسئلا حل ڪري جي حوالي سان شهر ۾ اجلاس ٿيو جنهن ۾ مختلف مسئلن تي بحث ڪيو ويو ۽ عوام کي درپيش مسئلن جي حل لاءِ فيصلا ڪيا ويا انهي موقعي تي اڳواڻن چيو ته حڪومت کي گهرجي ته عوام جا مسئلا حل ڪري جي حوالي سان شهر ۾ اجلاس ٿيو جنهن ۾ مختلف مسئلن تي بحث ڪيو ويو ۽ عوام کي درپيش مسئلن جي حل لاءِ فيصلا ڪيا ويا انهي موقعي تي اڳواڻن چيو ته حڪومت کي گهرجي ته عوام جا مسئلا حل ڪري جي حوالي سان شهر ۾ اجلاس ٿيو جنهن ۾ مختلف مسئلن تي بحث ڪيو ويو ۽ عوام کي درپيش مسئلن جي حل لاءِ فيصلا ڪيا ويا انهي موقعي تي اڳواڻن چيو ته حڪومت کي گهرجي ته عوام جا مسئلا حل ڪري جي حوالي سان شهر ۾ اجلاس ٿيو جنهن ۾ مختلف مسئلن تي بحث ڪيو ويو ۽ عوام کي درپيش مسئلن جي حل لاءِ فيصلا ڪيا ويا انهي موقعي تي اڳواڻن چيو ته حڪومت کي گهرجي ته عوام جا مسئلا حل ڪري جي حوالي سان شهر ۾ اجلاس ٿيو جنهن ۾ مختلف مسئلن تي بحث ڪيو ويو ۽ عوام کي درپيش مسئلن جي حل لاءِ فيصلا ڪيا ويا انهي موقعي تي اڳواڻن چيو ته حڪومت کي گهرجي ته عوام جا مسئلا حل ڪري
